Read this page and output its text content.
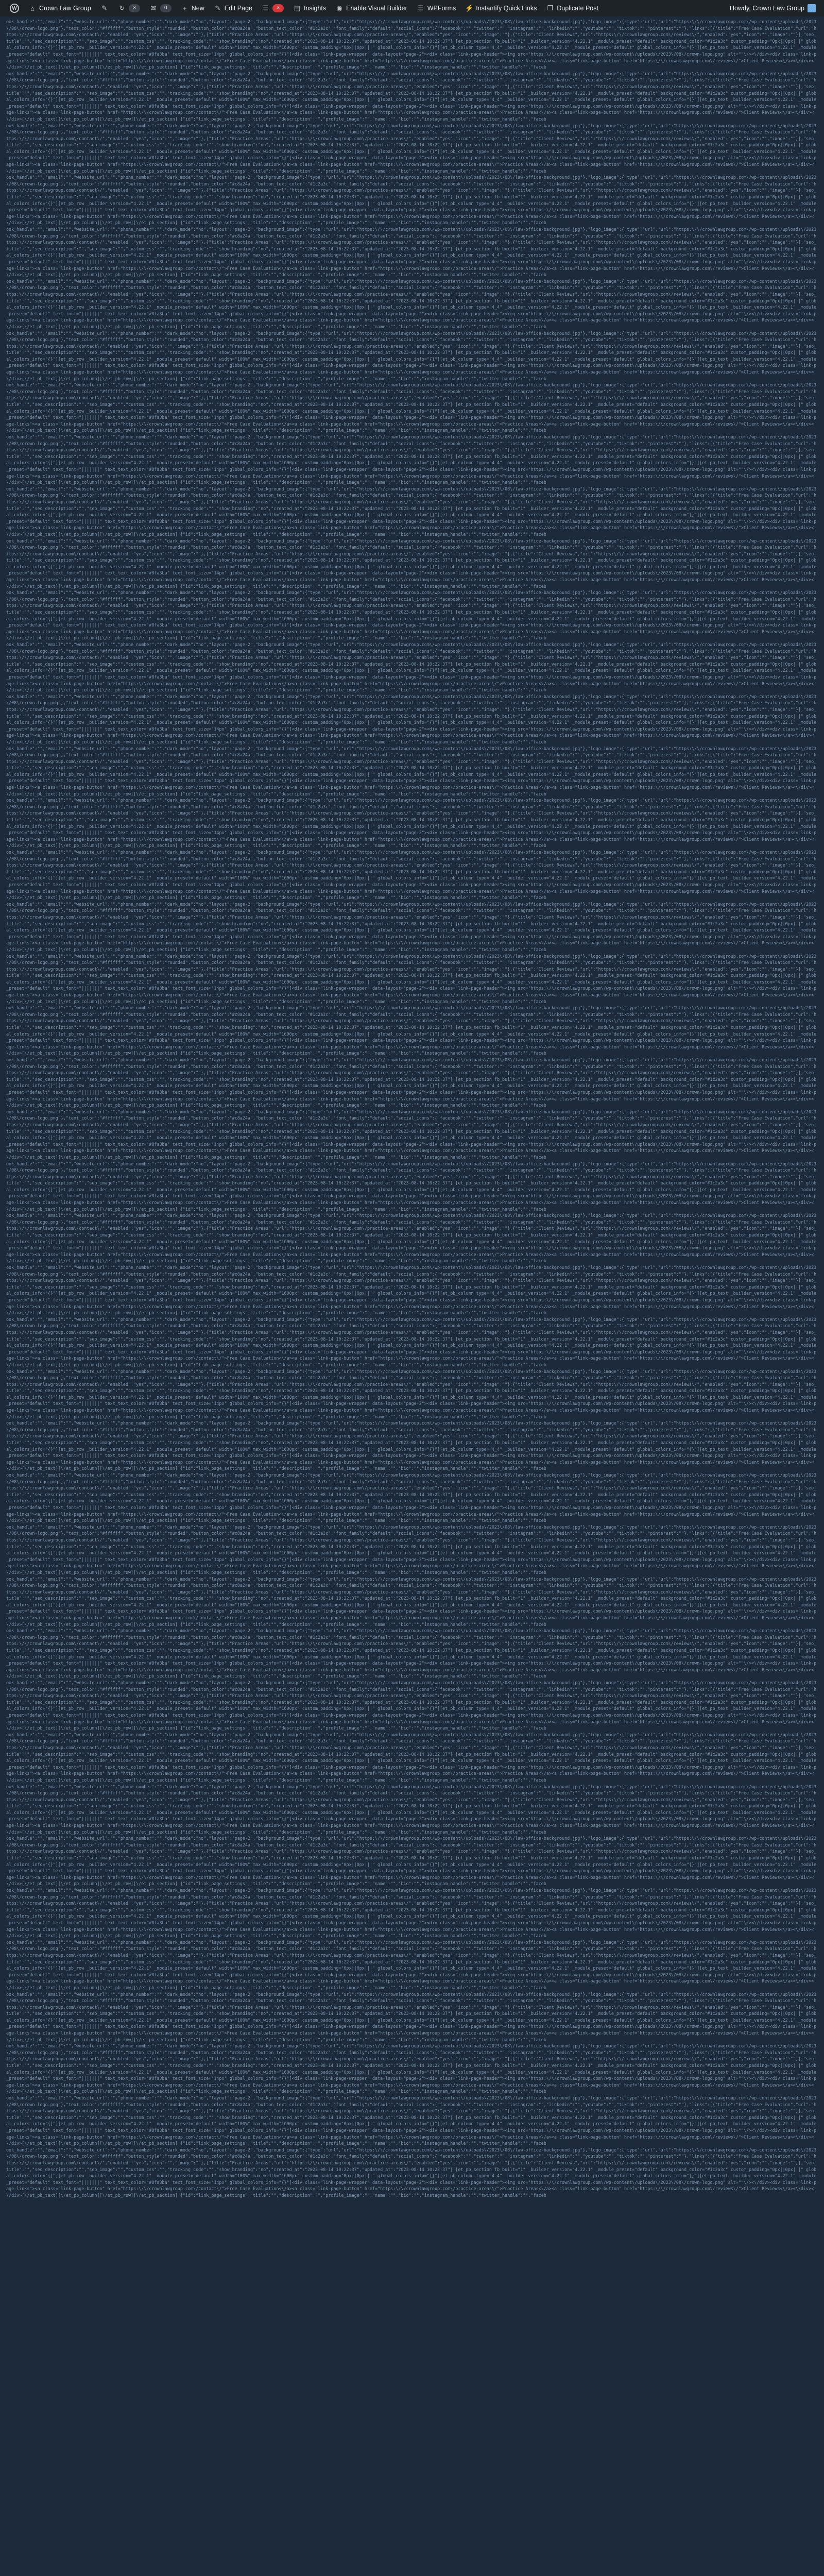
W	⌂ Crown Law Group ✎ ↻	3	✉	0	+ New ✎ Edit Page ☰	3	▤ Insights ◉ Enable Visual Builder ☰ WPForms ⚡ Instantify Quick Links ❐ Duplicate Post	Howdy, Crown Law Group
ook_handle":"","email":"","website_url":"","phone_number":"","dark_mode":"no","layout":"page-2","background_image":{"type":"url","url":"https:\/\/crownlawgroup.com\/wp-content\/uploads\/2023\/08\/law-office-background.jpg"},"logo_image":{"type":"url","url":"https:\/\/crownlawgroup.com\/wp-content\/uploads\/2023\/08\/crown-logo.png"},"text_color":"#ffffff","button_style":"rounded","button_color":"#c8a24a","button_text_color":"#1c2a3c","font_family":"default","social_icons":{"facebook":"","twitter":"","instagram":"","linkedin":"","youtube":"","tiktok":"","pinterest":""},"links":[{"title":"Free Case Evaluation","url":"https:\/\/crownlawgroup.com\/contact\/","enabled":"yes","icon":"","image":""},{"title":"Practice Areas","url":"https:\/\/crownlawgroup.com\/practice-areas\/","enabled":"yes","icon":"","image":""},{"title":"Client Reviews","url":"https:\/\/crownlawgroup.com\/reviews\/","enabled":"yes","icon":"","image":""}],"seo_title":"","seo_description":"","seo_image":"","custom_css":"","tracking_code":"","show_branding":"no","created_at":"2023-08-14 10:22:37","updated_at":"2023-08-14 10:22:37"} [et_pb_section fb_built="1" _builder_version="4.22.1" _module_preset="default" background_color="#1c2a3c" custom_padding="0px||0px|||" global_colors_info="{}"][et_pb_row _builder_version="4.22.1" _module_preset="default" width="100%" max_width="1600px" custom_padding="0px||0px|||" global_colors_info="{}"][et_pb_column type="4_4" _builder_version="4.22.1" _module_preset="default" global_colors_info="{}"][et_pb_text _builder_version="4.22.1" _module_preset="default" text_font="|||||||" text_text_color="#8fa3ba" text_font_size="14px" global_colors_info="{}"]<div class="link-page-wrapper" data-layout="page-2"><div class="link-page-header"><img src="https:\/\/crownlawgroup.com\/wp-content\/uploads\/2023\/08\/crown-logo.png" alt=""\/><\/div><div class="link-page-links"><a class="link-page-button" href="https:\/\/crownlawgroup.com\/contact\/">Free Case Evaluation<\/a><a class="link-page-button" href="https:\/\/crownlawgroup.com\/practice-areas\/">Practice Areas<\/a><a class="link-page-button" href="https:\/\/crownlawgroup.com\/reviews\/">Client Reviews<\/a><\/div><\/div>[\/et_pb_text][\/et_pb_column][\/et_pb_row][\/et_pb_section] {"id":"link_page_settings","title":"","description":"","profile_image":"","name":"","bio":"","instagram_handle":"","twitter_handle":"","faceb
ook_handle":"","email":"","website_url":"","phone_number":"","dark_mode":"no","layout":"page-2","background_image":{"type":"url","url":"https:\/\/crownlawgroup.com\/wp-content\/uploads\/2023\/08\/law-office-background.jpg"},"logo_image":{"type":"url","url":"https:\/\/crownlawgroup.com\/wp-content\/uploads\/2023\/08\/crown-logo.png"},"text_color":"#ffffff","button_style":"rounded","button_color":"#c8a24a","button_text_color":"#1c2a3c","font_family":"default","social_icons":{"facebook":"","twitter":"","instagram":"","linkedin":"","youtube":"","tiktok":"","pinterest":""},"links":[{"title":"Free Case Evaluation","url":"https:\/\/crownlawgroup.com\/contact\/","enabled":"yes","icon":"","image":""},{"title":"Practice Areas","url":"https:\/\/crownlawgroup.com\/practice-areas\/","enabled":"yes","icon":"","image":""},{"title":"Client Reviews","url":"https:\/\/crownlawgroup.com\/reviews\/","enabled":"yes","icon":"","image":""}],"seo_title":"","seo_description":"","seo_image":"","custom_css":"","tracking_code":"","show_branding":"no","created_at":"2023-08-14 10:22:37","updated_at":"2023-08-14 10:22:37"} [et_pb_section fb_built="1" _builder_version="4.22.1" _module_preset="default" background_color="#1c2a3c" custom_padding="0px||0px|||" global_colors_info="{}"][et_pb_row _builder_version="4.22.1" _module_preset="default" width="100%" max_width="1600px" custom_padding="0px||0px|||" global_colors_info="{}"][et_pb_column type="4_4" _builder_version="4.22.1" _module_preset="default" global_colors_info="{}"][et_pb_text _builder_version="4.22.1" _module_preset="default" text_font="|||||||" text_text_color="#8fa3ba" text_font_size="14px" global_colors_info="{}"]<div class="link-page-wrapper" data-layout="page-2"><div class="link-page-header"><img src="https:\/\/crownlawgroup.com\/wp-content\/uploads\/2023\/08\/crown-logo.png" alt=""\/><\/div><div class="link-page-links"><a class="link-page-button" href="https:\/\/crownlawgroup.com\/contact\/">Free Case Evaluation<\/a><a class="link-page-button" href="https:\/\/crownlawgroup.com\/practice-areas\/">Practice Areas<\/a><a class="link-page-button" href="https:\/\/crownlawgroup.com\/reviews\/">Client Reviews<\/a><\/div><\/div>[\/et_pb_text][\/et_pb_column][\/et_pb_row][\/et_pb_section] {"id":"link_page_settings","title":"","description":"","profile_image":"","name":"","bio":"","instagram_handle":"","twitter_handle":"","faceb
ook_handle":"","email":"","website_url":"","phone_number":"","dark_mode":"no","layout":"page-2","background_image":{"type":"url","url":"https:\/\/crownlawgroup.com\/wp-content\/uploads\/2023\/08\/law-office-background.jpg"},"logo_image":{"type":"url","url":"https:\/\/crownlawgroup.com\/wp-content\/uploads\/2023\/08\/crown-logo.png"},"text_color":"#ffffff","button_style":"rounded","button_color":"#c8a24a","button_text_color":"#1c2a3c","font_family":"default","social_icons":{"facebook":"","twitter":"","instagram":"","linkedin":"","youtube":"","tiktok":"","pinterest":""},"links":[{"title":"Free Case Evaluation","url":"https:\/\/crownlawgroup.com\/contact\/","enabled":"yes","icon":"","image":""},{"title":"Practice Areas","url":"https:\/\/crownlawgroup.com\/practice-areas\/","enabled":"yes","icon":"","image":""},{"title":"Client Reviews","url":"https:\/\/crownlawgroup.com\/reviews\/","enabled":"yes","icon":"","image":""}],"seo_title":"","seo_description":"","seo_image":"","custom_css":"","tracking_code":"","show_branding":"no","created_at":"2023-08-14 10:22:37","updated_at":"2023-08-14 10:22:37"} [et_pb_section fb_built="1" _builder_version="4.22.1" _module_preset="default" background_color="#1c2a3c" custom_padding="0px||0px|||" global_colors_info="{}"][et_pb_row _builder_version="4.22.1" _module_preset="default" width="100%" max_width="1600px" custom_padding="0px||0px|||" global_colors_info="{}"][et_pb_column type="4_4" _builder_version="4.22.1" _module_preset="default" global_colors_info="{}"][et_pb_text _builder_version="4.22.1" _module_preset="default" text_font="|||||||" text_text_color="#8fa3ba" text_font_size="14px" global_colors_info="{}"]<div class="link-page-wrapper" data-layout="page-2"><div class="link-page-header"><img src="https:\/\/crownlawgroup.com\/wp-content\/uploads\/2023\/08\/crown-logo.png" alt=""\/><\/div><div class="link-page-links"><a class="link-page-button" href="https:\/\/crownlawgroup.com\/contact\/">Free Case Evaluation<\/a><a class="link-page-button" href="https:\/\/crownlawgroup.com\/practice-areas\/">Practice Areas<\/a><a class="link-page-button" href="https:\/\/crownlawgroup.com\/reviews\/">Client Reviews<\/a><\/div><\/div>[\/et_pb_text][\/et_pb_column][\/et_pb_row][\/et_pb_section] {"id":"link_page_settings","title":"","description":"","profile_image":"","name":"","bio":"","instagram_handle":"","twitter_handle":"","faceb
ook_handle":"","email":"","website_url":"","phone_number":"","dark_mode":"no","layout":"page-2","background_image":{"type":"url","url":"https:\/\/crownlawgroup.com\/wp-content\/uploads\/2023\/08\/law-office-background.jpg"},"logo_image":{"type":"url","url":"https:\/\/crownlawgroup.com\/wp-content\/uploads\/2023\/08\/crown-logo.png"},"text_color":"#ffffff","button_style":"rounded","button_color":"#c8a24a","button_text_color":"#1c2a3c","font_family":"default","social_icons":{"facebook":"","twitter":"","instagram":"","linkedin":"","youtube":"","tiktok":"","pinterest":""},"links":[{"title":"Free Case Evaluation","url":"https:\/\/crownlawgroup.com\/contact\/","enabled":"yes","icon":"","image":""},{"title":"Practice Areas","url":"https:\/\/crownlawgroup.com\/practice-areas\/","enabled":"yes","icon":"","image":""},{"title":"Client Reviews","url":"https:\/\/crownlawgroup.com\/reviews\/","enabled":"yes","icon":"","image":""}],"seo_title":"","seo_description":"","seo_image":"","custom_css":"","tracking_code":"","show_branding":"no","created_at":"2023-08-14 10:22:37","updated_at":"2023-08-14 10:22:37"} [et_pb_section fb_built="1" _builder_version="4.22.1" _module_preset="default" background_color="#1c2a3c" custom_padding="0px||0px|||" global_colors_info="{}"][et_pb_row _builder_version="4.22.1" _module_preset="default" width="100%" max_width="1600px" custom_padding="0px||0px|||" global_colors_info="{}"][et_pb_column type="4_4" _builder_version="4.22.1" _module_preset="default" global_colors_info="{}"][et_pb_text _builder_version="4.22.1" _module_preset="default" text_font="|||||||" text_text_color="#8fa3ba" text_font_size="14px" global_colors_info="{}"]<div class="link-page-wrapper" data-layout="page-2"><div class="link-page-header"><img src="https:\/\/crownlawgroup.com\/wp-content\/uploads\/2023\/08\/crown-logo.png" alt=""\/><\/div><div class="link-page-links"><a class="link-page-button" href="https:\/\/crownlawgroup.com\/contact\/">Free Case Evaluation<\/a><a class="link-page-button" href="https:\/\/crownlawgroup.com\/practice-areas\/">Practice Areas<\/a><a class="link-page-button" href="https:\/\/crownlawgroup.com\/reviews\/">Client Reviews<\/a><\/div><\/div>[\/et_pb_text][\/et_pb_column][\/et_pb_row][\/et_pb_section] {"id":"link_page_settings","title":"","description":"","profile_image":"","name":"","bio":"","instagram_handle":"","twitter_handle":"","faceb
ook_handle":"","email":"","website_url":"","phone_number":"","dark_mode":"no","layout":"page-2","background_image":{"type":"url","url":"https:\/\/crownlawgroup.com\/wp-content\/uploads\/2023\/08\/law-office-background.jpg"},"logo_image":{"type":"url","url":"https:\/\/crownlawgroup.com\/wp-content\/uploads\/2023\/08\/crown-logo.png"},"text_color":"#ffffff","button_style":"rounded","button_color":"#c8a24a","button_text_color":"#1c2a3c","font_family":"default","social_icons":{"facebook":"","twitter":"","instagram":"","linkedin":"","youtube":"","tiktok":"","pinterest":""},"links":[{"title":"Free Case Evaluation","url":"https:\/\/crownlawgroup.com\/contact\/","enabled":"yes","icon":"","image":""},{"title":"Practice Areas","url":"https:\/\/crownlawgroup.com\/practice-areas\/","enabled":"yes","icon":"","image":""},{"title":"Client Reviews","url":"https:\/\/crownlawgroup.com\/reviews\/","enabled":"yes","icon":"","image":""}],"seo_title":"","seo_description":"","seo_image":"","custom_css":"","tracking_code":"","show_branding":"no","created_at":"2023-08-14 10:22:37","updated_at":"2023-08-14 10:22:37"} [et_pb_section fb_built="1" _builder_version="4.22.1" _module_preset="default" background_color="#1c2a3c" custom_padding="0px||0px|||" global_colors_info="{}"][et_pb_row _builder_version="4.22.1" _module_preset="default" width="100%" max_width="1600px" custom_padding="0px||0px|||" global_colors_info="{}"][et_pb_column type="4_4" _builder_version="4.22.1" _module_preset="default" global_colors_info="{}"][et_pb_text _builder_version="4.22.1" _module_preset="default" text_font="|||||||" text_text_color="#8fa3ba" text_font_size="14px" global_colors_info="{}"]<div class="link-page-wrapper" data-layout="page-2"><div class="link-page-header"><img src="https:\/\/crownlawgroup.com\/wp-content\/uploads\/2023\/08\/crown-logo.png" alt=""\/><\/div><div class="link-page-links"><a class="link-page-button" href="https:\/\/crownlawgroup.com\/contact\/">Free Case Evaluation<\/a><a class="link-page-button" href="https:\/\/crownlawgroup.com\/practice-areas\/">Practice Areas<\/a><a class="link-page-button" href="https:\/\/crownlawgroup.com\/reviews\/">Client Reviews<\/a><\/div><\/div>[\/et_pb_text][\/et_pb_column][\/et_pb_row][\/et_pb_section] {"id":"link_page_settings","title":"","description":"","profile_image":"","name":"","bio":"","instagram_handle":"","twitter_handle":"","faceb
ook_handle":"","email":"","website_url":"","phone_number":"","dark_mode":"no","layout":"page-2","background_image":{"type":"url","url":"https:\/\/crownlawgroup.com\/wp-content\/uploads\/2023\/08\/law-office-background.jpg"},"logo_image":{"type":"url","url":"https:\/\/crownlawgroup.com\/wp-content\/uploads\/2023\/08\/crown-logo.png"},"text_color":"#ffffff","button_style":"rounded","button_color":"#c8a24a","button_text_color":"#1c2a3c","font_family":"default","social_icons":{"facebook":"","twitter":"","instagram":"","linkedin":"","youtube":"","tiktok":"","pinterest":""},"links":[{"title":"Free Case Evaluation","url":"https:\/\/crownlawgroup.com\/contact\/","enabled":"yes","icon":"","image":""},{"title":"Practice Areas","url":"https:\/\/crownlawgroup.com\/practice-areas\/","enabled":"yes","icon":"","image":""},{"title":"Client Reviews","url":"https:\/\/crownlawgroup.com\/reviews\/","enabled":"yes","icon":"","image":""}],"seo_title":"","seo_description":"","seo_image":"","custom_css":"","tracking_code":"","show_branding":"no","created_at":"2023-08-14 10:22:37","updated_at":"2023-08-14 10:22:37"} [et_pb_section fb_built="1" _builder_version="4.22.1" _module_preset="default" background_color="#1c2a3c" custom_padding="0px||0px|||" global_colors_info="{}"][et_pb_row _builder_version="4.22.1" _module_preset="default" width="100%" max_width="1600px" custom_padding="0px||0px|||" global_colors_info="{}"][et_pb_column type="4_4" _builder_version="4.22.1" _module_preset="default" global_colors_info="{}"][et_pb_text _builder_version="4.22.1" _module_preset="default" text_font="|||||||" text_text_color="#8fa3ba" text_font_size="14px" global_colors_info="{}"]<div class="link-page-wrapper" data-layout="page-2"><div class="link-page-header"><img src="https:\/\/crownlawgroup.com\/wp-content\/uploads\/2023\/08\/crown-logo.png" alt=""\/><\/div><div class="link-page-links"><a class="link-page-button" href="https:\/\/crownlawgroup.com\/contact\/">Free Case Evaluation<\/a><a class="link-page-button" href="https:\/\/crownlawgroup.com\/practice-areas\/">Practice Areas<\/a><a class="link-page-button" href="https:\/\/crownlawgroup.com\/reviews\/">Client Reviews<\/a><\/div><\/div>[\/et_pb_text][\/et_pb_column][\/et_pb_row][\/et_pb_section] {"id":"link_page_settings","title":"","description":"","profile_image":"","name":"","bio":"","instagram_handle":"","twitter_handle":"","faceb
ook_handle":"","email":"","website_url":"","phone_number":"","dark_mode":"no","layout":"page-2","background_image":{"type":"url","url":"https:\/\/crownlawgroup.com\/wp-content\/uploads\/2023\/08\/law-office-background.jpg"},"logo_image":{"type":"url","url":"https:\/\/crownlawgroup.com\/wp-content\/uploads\/2023\/08\/crown-logo.png"},"text_color":"#ffffff","button_style":"rounded","button_color":"#c8a24a","button_text_color":"#1c2a3c","font_family":"default","social_icons":{"facebook":"","twitter":"","instagram":"","linkedin":"","youtube":"","tiktok":"","pinterest":""},"links":[{"title":"Free Case Evaluation","url":"https:\/\/crownlawgroup.com\/contact\/","enabled":"yes","icon":"","image":""},{"title":"Practice Areas","url":"https:\/\/crownlawgroup.com\/practice-areas\/","enabled":"yes","icon":"","image":""},{"title":"Client Reviews","url":"https:\/\/crownlawgroup.com\/reviews\/","enabled":"yes","icon":"","image":""}],"seo_title":"","seo_description":"","seo_image":"","custom_css":"","tracking_code":"","show_branding":"no","created_at":"2023-08-14 10:22:37","updated_at":"2023-08-14 10:22:37"} [et_pb_section fb_built="1" _builder_version="4.22.1" _module_preset="default" background_color="#1c2a3c" custom_padding="0px||0px|||" global_colors_info="{}"][et_pb_row _builder_version="4.22.1" _module_preset="default" width="100%" max_width="1600px" custom_padding="0px||0px|||" global_colors_info="{}"][et_pb_column type="4_4" _builder_version="4.22.1" _module_preset="default" global_colors_info="{}"][et_pb_text _builder_version="4.22.1" _module_preset="default" text_font="|||||||" text_text_color="#8fa3ba" text_font_size="14px" global_colors_info="{}"]<div class="link-page-wrapper" data-layout="page-2"><div class="link-page-header"><img src="https:\/\/crownlawgroup.com\/wp-content\/uploads\/2023\/08\/crown-logo.png" alt=""\/><\/div><div class="link-page-links"><a class="link-page-button" href="https:\/\/crownlawgroup.com\/contact\/">Free Case Evaluation<\/a><a class="link-page-button" href="https:\/\/crownlawgroup.com\/practice-areas\/">Practice Areas<\/a><a class="link-page-button" href="https:\/\/crownlawgroup.com\/reviews\/">Client Reviews<\/a><\/div><\/div>[\/et_pb_text][\/et_pb_column][\/et_pb_row][\/et_pb_section] {"id":"link_page_settings","title":"","description":"","profile_image":"","name":"","bio":"","instagram_handle":"","twitter_handle":"","faceb
ook_handle":"","email":"","website_url":"","phone_number":"","dark_mode":"no","layout":"page-2","background_image":{"type":"url","url":"https:\/\/crownlawgroup.com\/wp-content\/uploads\/2023\/08\/law-office-background.jpg"},"logo_image":{"type":"url","url":"https:\/\/crownlawgroup.com\/wp-content\/uploads\/2023\/08\/crown-logo.png"},"text_color":"#ffffff","button_style":"rounded","button_color":"#c8a24a","button_text_color":"#1c2a3c","font_family":"default","social_icons":{"facebook":"","twitter":"","instagram":"","linkedin":"","youtube":"","tiktok":"","pinterest":""},"links":[{"title":"Free Case Evaluation","url":"https:\/\/crownlawgroup.com\/contact\/","enabled":"yes","icon":"","image":""},{"title":"Practice Areas","url":"https:\/\/crownlawgroup.com\/practice-areas\/","enabled":"yes","icon":"","image":""},{"title":"Client Reviews","url":"https:\/\/crownlawgroup.com\/reviews\/","enabled":"yes","icon":"","image":""}],"seo_title":"","seo_description":"","seo_image":"","custom_css":"","tracking_code":"","show_branding":"no","created_at":"2023-08-14 10:22:37","updated_at":"2023-08-14 10:22:37"} [et_pb_section fb_built="1" _builder_version="4.22.1" _module_preset="default" background_color="#1c2a3c" custom_padding="0px||0px|||" global_colors_info="{}"][et_pb_row _builder_version="4.22.1" _module_preset="default" width="100%" max_width="1600px" custom_padding="0px||0px|||" global_colors_info="{}"][et_pb_column type="4_4" _builder_version="4.22.1" _module_preset="default" global_colors_info="{}"][et_pb_text _builder_version="4.22.1" _module_preset="default" text_font="|||||||" text_text_color="#8fa3ba" text_font_size="14px" global_colors_info="{}"]<div class="link-page-wrapper" data-layout="page-2"><div class="link-page-header"><img src="https:\/\/crownlawgroup.com\/wp-content\/uploads\/2023\/08\/crown-logo.png" alt=""\/><\/div><div class="link-page-links"><a class="link-page-button" href="https:\/\/crownlawgroup.com\/contact\/">Free Case Evaluation<\/a><a class="link-page-button" href="https:\/\/crownlawgroup.com\/practice-areas\/">Practice Areas<\/a><a class="link-page-button" href="https:\/\/crownlawgroup.com\/reviews\/">Client Reviews<\/a><\/div><\/div>[\/et_pb_text][\/et_pb_column][\/et_pb_row][\/et_pb_section] {"id":"link_page_settings","title":"","description":"","profile_image":"","name":"","bio":"","instagram_handle":"","twitter_handle":"","faceb
ook_handle":"","email":"","website_url":"","phone_number":"","dark_mode":"no","layout":"page-2","background_image":{"type":"url","url":"https:\/\/crownlawgroup.com\/wp-content\/uploads\/2023\/08\/law-office-background.jpg"},"logo_image":{"type":"url","url":"https:\/\/crownlawgroup.com\/wp-content\/uploads\/2023\/08\/crown-logo.png"},"text_color":"#ffffff","button_style":"rounded","button_color":"#c8a24a","button_text_color":"#1c2a3c","font_family":"default","social_icons":{"facebook":"","twitter":"","instagram":"","linkedin":"","youtube":"","tiktok":"","pinterest":""},"links":[{"title":"Free Case Evaluation","url":"https:\/\/crownlawgroup.com\/contact\/","enabled":"yes","icon":"","image":""},{"title":"Practice Areas","url":"https:\/\/crownlawgroup.com\/practice-areas\/","enabled":"yes","icon":"","image":""},{"title":"Client Reviews","url":"https:\/\/crownlawgroup.com\/reviews\/","enabled":"yes","icon":"","image":""}],"seo_title":"","seo_description":"","seo_image":"","custom_css":"","tracking_code":"","show_branding":"no","created_at":"2023-08-14 10:22:37","updated_at":"2023-08-14 10:22:37"} [et_pb_section fb_built="1" _builder_version="4.22.1" _module_preset="default" background_color="#1c2a3c" custom_padding="0px||0px|||" global_colors_info="{}"][et_pb_row _builder_version="4.22.1" _module_preset="default" width="100%" max_width="1600px" custom_padding="0px||0px|||" global_colors_info="{}"][et_pb_column type="4_4" _builder_version="4.22.1" _module_preset="default" global_colors_info="{}"][et_pb_text _builder_version="4.22.1" _module_preset="default" text_font="|||||||" text_text_color="#8fa3ba" text_font_size="14px" global_colors_info="{}"]<div class="link-page-wrapper" data-layout="page-2"><div class="link-page-header"><img src="https:\/\/crownlawgroup.com\/wp-content\/uploads\/2023\/08\/crown-logo.png" alt=""\/><\/div><div class="link-page-links"><a class="link-page-button" href="https:\/\/crownlawgroup.com\/contact\/">Free Case Evaluation<\/a><a class="link-page-button" href="https:\/\/crownlawgroup.com\/practice-areas\/">Practice Areas<\/a><a class="link-page-button" href="https:\/\/crownlawgroup.com\/reviews\/">Client Reviews<\/a><\/div><\/div>[\/et_pb_text][\/et_pb_column][\/et_pb_row][\/et_pb_section] {"id":"link_page_settings","title":"","description":"","profile_image":"","name":"","bio":"","instagram_handle":"","twitter_handle":"","faceb
ook_handle":"","email":"","website_url":"","phone_number":"","dark_mode":"no","layout":"page-2","background_image":{"type":"url","url":"https:\/\/crownlawgroup.com\/wp-content\/uploads\/2023\/08\/law-office-background.jpg"},"logo_image":{"type":"url","url":"https:\/\/crownlawgroup.com\/wp-content\/uploads\/2023\/08\/crown-logo.png"},"text_color":"#ffffff","button_style":"rounded","button_color":"#c8a24a","button_text_color":"#1c2a3c","font_family":"default","social_icons":{"facebook":"","twitter":"","instagram":"","linkedin":"","youtube":"","tiktok":"","pinterest":""},"links":[{"title":"Free Case Evaluation","url":"https:\/\/crownlawgroup.com\/contact\/","enabled":"yes","icon":"","image":""},{"title":"Practice Areas","url":"https:\/\/crownlawgroup.com\/practice-areas\/","enabled":"yes","icon":"","image":""},{"title":"Client Reviews","url":"https:\/\/crownlawgroup.com\/reviews\/","enabled":"yes","icon":"","image":""}],"seo_title":"","seo_description":"","seo_image":"","custom_css":"","tracking_code":"","show_branding":"no","created_at":"2023-08-14 10:22:37","updated_at":"2023-08-14 10:22:37"} [et_pb_section fb_built="1" _builder_version="4.22.1" _module_preset="default" background_color="#1c2a3c" custom_padding="0px||0px|||" global_colors_info="{}"][et_pb_row _builder_version="4.22.1" _module_preset="default" width="100%" max_width="1600px" custom_padding="0px||0px|||" global_colors_info="{}"][et_pb_column type="4_4" _builder_version="4.22.1" _module_preset="default" global_colors_info="{}"][et_pb_text _builder_version="4.22.1" _module_preset="default" text_font="|||||||" text_text_color="#8fa3ba" text_font_size="14px" global_colors_info="{}"]<div class="link-page-wrapper" data-layout="page-2"><div class="link-page-header"><img src="https:\/\/crownlawgroup.com\/wp-content\/uploads\/2023\/08\/crown-logo.png" alt=""\/><\/div><div class="link-page-links"><a class="link-page-button" href="https:\/\/crownlawgroup.com\/contact\/">Free Case Evaluation<\/a><a class="link-page-button" href="https:\/\/crownlawgroup.com\/practice-areas\/">Practice Areas<\/a><a class="link-page-button" href="https:\/\/crownlawgroup.com\/reviews\/">Client Reviews<\/a><\/div><\/div>[\/et_pb_text][\/et_pb_column][\/et_pb_row][\/et_pb_section] {"id":"link_page_settings","title":"","description":"","profile_image":"","name":"","bio":"","instagram_handle":"","twitter_handle":"","faceb
ook_handle":"","email":"","website_url":"","phone_number":"","dark_mode":"no","layout":"page-2","background_image":{"type":"url","url":"https:\/\/crownlawgroup.com\/wp-content\/uploads\/2023\/08\/law-office-background.jpg"},"logo_image":{"type":"url","url":"https:\/\/crownlawgroup.com\/wp-content\/uploads\/2023\/08\/crown-logo.png"},"text_color":"#ffffff","button_style":"rounded","button_color":"#c8a24a","button_text_color":"#1c2a3c","font_family":"default","social_icons":{"facebook":"","twitter":"","instagram":"","linkedin":"","youtube":"","tiktok":"","pinterest":""},"links":[{"title":"Free Case Evaluation","url":"https:\/\/crownlawgroup.com\/contact\/","enabled":"yes","icon":"","image":""},{"title":"Practice Areas","url":"https:\/\/crownlawgroup.com\/practice-areas\/","enabled":"yes","icon":"","image":""},{"title":"Client Reviews","url":"https:\/\/crownlawgroup.com\/reviews\/","enabled":"yes","icon":"","image":""}],"seo_title":"","seo_description":"","seo_image":"","custom_css":"","tracking_code":"","show_branding":"no","created_at":"2023-08-14 10:22:37","updated_at":"2023-08-14 10:22:37"} [et_pb_section fb_built="1" _builder_version="4.22.1" _module_preset="default" background_color="#1c2a3c" custom_padding="0px||0px|||" global_colors_info="{}"][et_pb_row _builder_version="4.22.1" _module_preset="default" width="100%" max_width="1600px" custom_padding="0px||0px|||" global_colors_info="{}"][et_pb_column type="4_4" _builder_version="4.22.1" _module_preset="default" global_colors_info="{}"][et_pb_text _builder_version="4.22.1" _module_preset="default" text_font="|||||||" text_text_color="#8fa3ba" text_font_size="14px" global_colors_info="{}"]<div class="link-page-wrapper" data-layout="page-2"><div class="link-page-header"><img src="https:\/\/crownlawgroup.com\/wp-content\/uploads\/2023\/08\/crown-logo.png" alt=""\/><\/div><div class="link-page-links"><a class="link-page-button" href="https:\/\/crownlawgroup.com\/contact\/">Free Case Evaluation<\/a><a class="link-page-button" href="https:\/\/crownlawgroup.com\/practice-areas\/">Practice Areas<\/a><a class="link-page-button" href="https:\/\/crownlawgroup.com\/reviews\/">Client Reviews<\/a><\/div><\/div>[\/et_pb_text][\/et_pb_column][\/et_pb_row][\/et_pb_section] {"id":"link_page_settings","title":"","description":"","profile_image":"","name":"","bio":"","instagram_handle":"","twitter_handle":"","faceb
ook_handle":"","email":"","website_url":"","phone_number":"","dark_mode":"no","layout":"page-2","background_image":{"type":"url","url":"https:\/\/crownlawgroup.com\/wp-content\/uploads\/2023\/08\/law-office-background.jpg"},"logo_image":{"type":"url","url":"https:\/\/crownlawgroup.com\/wp-content\/uploads\/2023\/08\/crown-logo.png"},"text_color":"#ffffff","button_style":"rounded","button_color":"#c8a24a","button_text_color":"#1c2a3c","font_family":"default","social_icons":{"facebook":"","twitter":"","instagram":"","linkedin":"","youtube":"","tiktok":"","pinterest":""},"links":[{"title":"Free Case Evaluation","url":"https:\/\/crownlawgroup.com\/contact\/","enabled":"yes","icon":"","image":""},{"title":"Practice Areas","url":"https:\/\/crownlawgroup.com\/practice-areas\/","enabled":"yes","icon":"","image":""},{"title":"Client Reviews","url":"https:\/\/crownlawgroup.com\/reviews\/","enabled":"yes","icon":"","image":""}],"seo_title":"","seo_description":"","seo_image":"","custom_css":"","tracking_code":"","show_branding":"no","created_at":"2023-08-14 10:22:37","updated_at":"2023-08-14 10:22:37"} [et_pb_section fb_built="1" _builder_version="4.22.1" _module_preset="default" background_color="#1c2a3c" custom_padding="0px||0px|||" global_colors_info="{}"][et_pb_row _builder_version="4.22.1" _module_preset="default" width="100%" max_width="1600px" custom_padding="0px||0px|||" global_colors_info="{}"][et_pb_column type="4_4" _builder_version="4.22.1" _module_preset="default" global_colors_info="{}"][et_pb_text _builder_version="4.22.1" _module_preset="default" text_font="|||||||" text_text_color="#8fa3ba" text_font_size="14px" global_colors_info="{}"]<div class="link-page-wrapper" data-layout="page-2"><div class="link-page-header"><img src="https:\/\/crownlawgroup.com\/wp-content\/uploads\/2023\/08\/crown-logo.png" alt=""\/><\/div><div class="link-page-links"><a class="link-page-button" href="https:\/\/crownlawgroup.com\/contact\/">Free Case Evaluation<\/a><a class="link-page-button" href="https:\/\/crownlawgroup.com\/practice-areas\/">Practice Areas<\/a><a class="link-page-button" href="https:\/\/crownlawgroup.com\/reviews\/">Client Reviews<\/a><\/div><\/div>[\/et_pb_text][\/et_pb_column][\/et_pb_row][\/et_pb_section] {"id":"link_page_settings","title":"","description":"","profile_image":"","name":"","bio":"","instagram_handle":"","twitter_handle":"","faceb
ook_handle":"","email":"","website_url":"","phone_number":"","dark_mode":"no","layout":"page-2","background_image":{"type":"url","url":"https:\/\/crownlawgroup.com\/wp-content\/uploads\/2023\/08\/law-office-background.jpg"},"logo_image":{"type":"url","url":"https:\/\/crownlawgroup.com\/wp-content\/uploads\/2023\/08\/crown-logo.png"},"text_color":"#ffffff","button_style":"rounded","button_color":"#c8a24a","button_text_color":"#1c2a3c","font_family":"default","social_icons":{"facebook":"","twitter":"","instagram":"","linkedin":"","youtube":"","tiktok":"","pinterest":""},"links":[{"title":"Free Case Evaluation","url":"https:\/\/crownlawgroup.com\/contact\/","enabled":"yes","icon":"","image":""},{"title":"Practice Areas","url":"https:\/\/crownlawgroup.com\/practice-areas\/","enabled":"yes","icon":"","image":""},{"title":"Client Reviews","url":"https:\/\/crownlawgroup.com\/reviews\/","enabled":"yes","icon":"","image":""}],"seo_title":"","seo_description":"","seo_image":"","custom_css":"","tracking_code":"","show_branding":"no","created_at":"2023-08-14 10:22:37","updated_at":"2023-08-14 10:22:37"} [et_pb_section fb_built="1" _builder_version="4.22.1" _module_preset="default" background_color="#1c2a3c" custom_padding="0px||0px|||" global_colors_info="{}"][et_pb_row _builder_version="4.22.1" _module_preset="default" width="100%" max_width="1600px" custom_padding="0px||0px|||" global_colors_info="{}"][et_pb_column type="4_4" _builder_version="4.22.1" _module_preset="default" global_colors_info="{}"][et_pb_text _builder_version="4.22.1" _module_preset="default" text_font="|||||||" text_text_color="#8fa3ba" text_font_size="14px" global_colors_info="{}"]<div class="link-page-wrapper" data-layout="page-2"><div class="link-page-header"><img src="https:\/\/crownlawgroup.com\/wp-content\/uploads\/2023\/08\/crown-logo.png" alt=""\/><\/div><div class="link-page-links"><a class="link-page-button" href="https:\/\/crownlawgroup.com\/contact\/">Free Case Evaluation<\/a><a class="link-page-button" href="https:\/\/crownlawgroup.com\/practice-areas\/">Practice Areas<\/a><a class="link-page-button" href="https:\/\/crownlawgroup.com\/reviews\/">Client Reviews<\/a><\/div><\/div>[\/et_pb_text][\/et_pb_column][\/et_pb_row][\/et_pb_section] {"id":"link_page_settings","title":"","description":"","profile_image":"","name":"","bio":"","instagram_handle":"","twitter_handle":"","faceb
ook_handle":"","email":"","website_url":"","phone_number":"","dark_mode":"no","layout":"page-2","background_image":{"type":"url","url":"https:\/\/crownlawgroup.com\/wp-content\/uploads\/2023\/08\/law-office-background.jpg"},"logo_image":{"type":"url","url":"https:\/\/crownlawgroup.com\/wp-content\/uploads\/2023\/08\/crown-logo.png"},"text_color":"#ffffff","button_style":"rounded","button_color":"#c8a24a","button_text_color":"#1c2a3c","font_family":"default","social_icons":{"facebook":"","twitter":"","instagram":"","linkedin":"","youtube":"","tiktok":"","pinterest":""},"links":[{"title":"Free Case Evaluation","url":"https:\/\/crownlawgroup.com\/contact\/","enabled":"yes","icon":"","image":""},{"title":"Practice Areas","url":"https:\/\/crownlawgroup.com\/practice-areas\/","enabled":"yes","icon":"","image":""},{"title":"Client Reviews","url":"https:\/\/crownlawgroup.com\/reviews\/","enabled":"yes","icon":"","image":""}],"seo_title":"","seo_description":"","seo_image":"","custom_css":"","tracking_code":"","show_branding":"no","created_at":"2023-08-14 10:22:37","updated_at":"2023-08-14 10:22:37"} [et_pb_section fb_built="1" _builder_version="4.22.1" _module_preset="default" background_color="#1c2a3c" custom_padding="0px||0px|||" global_colors_info="{}"][et_pb_row _builder_version="4.22.1" _module_preset="default" width="100%" max_width="1600px" custom_padding="0px||0px|||" global_colors_info="{}"][et_pb_column type="4_4" _builder_version="4.22.1" _module_preset="default" global_colors_info="{}"][et_pb_text _builder_version="4.22.1" _module_preset="default" text_font="|||||||" text_text_color="#8fa3ba" text_font_size="14px" global_colors_info="{}"]<div class="link-page-wrapper" data-layout="page-2"><div class="link-page-header"><img src="https:\/\/crownlawgroup.com\/wp-content\/uploads\/2023\/08\/crown-logo.png" alt=""\/><\/div><div class="link-page-links"><a class="link-page-button" href="https:\/\/crownlawgroup.com\/contact\/">Free Case Evaluation<\/a><a class="link-page-button" href="https:\/\/crownlawgroup.com\/practice-areas\/">Practice Areas<\/a><a class="link-page-button" href="https:\/\/crownlawgroup.com\/reviews\/">Client Reviews<\/a><\/div><\/div>[\/et_pb_text][\/et_pb_column][\/et_pb_row][\/et_pb_section] {"id":"link_page_settings","title":"","description":"","profile_image":"","name":"","bio":"","instagram_handle":"","twitter_handle":"","faceb
ook_handle":"","email":"","website_url":"","phone_number":"","dark_mode":"no","layout":"page-2","background_image":{"type":"url","url":"https:\/\/crownlawgroup.com\/wp-content\/uploads\/2023\/08\/law-office-background.jpg"},"logo_image":{"type":"url","url":"https:\/\/crownlawgroup.com\/wp-content\/uploads\/2023\/08\/crown-logo.png"},"text_color":"#ffffff","button_style":"rounded","button_color":"#c8a24a","button_text_color":"#1c2a3c","font_family":"default","social_icons":{"facebook":"","twitter":"","instagram":"","linkedin":"","youtube":"","tiktok":"","pinterest":""},"links":[{"title":"Free Case Evaluation","url":"https:\/\/crownlawgroup.com\/contact\/","enabled":"yes","icon":"","image":""},{"title":"Practice Areas","url":"https:\/\/crownlawgroup.com\/practice-areas\/","enabled":"yes","icon":"","image":""},{"title":"Client Reviews","url":"https:\/\/crownlawgroup.com\/reviews\/","enabled":"yes","icon":"","image":""}],"seo_title":"","seo_description":"","seo_image":"","custom_css":"","tracking_code":"","show_branding":"no","created_at":"2023-08-14 10:22:37","updated_at":"2023-08-14 10:22:37"} [et_pb_section fb_built="1" _builder_version="4.22.1" _module_preset="default" background_color="#1c2a3c" custom_padding="0px||0px|||" global_colors_info="{}"][et_pb_row _builder_version="4.22.1" _module_preset="default" width="100%" max_width="1600px" custom_padding="0px||0px|||" global_colors_info="{}"][et_pb_column type="4_4" _builder_version="4.22.1" _module_preset="default" global_colors_info="{}"][et_pb_text _builder_version="4.22.1" _module_preset="default" text_font="|||||||" text_text_color="#8fa3ba" text_font_size="14px" global_colors_info="{}"]<div class="link-page-wrapper" data-layout="page-2"><div class="link-page-header"><img src="https:\/\/crownlawgroup.com\/wp-content\/uploads\/2023\/08\/crown-logo.png" alt=""\/><\/div><div class="link-page-links"><a class="link-page-button" href="https:\/\/crownlawgroup.com\/contact\/">Free Case Evaluation<\/a><a class="link-page-button" href="https:\/\/crownlawgroup.com\/practice-areas\/">Practice Areas<\/a><a class="link-page-button" href="https:\/\/crownlawgroup.com\/reviews\/">Client Reviews<\/a><\/div><\/div>[\/et_pb_text][\/et_pb_column][\/et_pb_row][\/et_pb_section] {"id":"link_page_settings","title":"","description":"","profile_image":"","name":"","bio":"","instagram_handle":"","twitter_handle":"","faceb
ook_handle":"","email":"","website_url":"","phone_number":"","dark_mode":"no","layout":"page-2","background_image":{"type":"url","url":"https:\/\/crownlawgroup.com\/wp-content\/uploads\/2023\/08\/law-office-background.jpg"},"logo_image":{"type":"url","url":"https:\/\/crownlawgroup.com\/wp-content\/uploads\/2023\/08\/crown-logo.png"},"text_color":"#ffffff","button_style":"rounded","button_color":"#c8a24a","button_text_color":"#1c2a3c","font_family":"default","social_icons":{"facebook":"","twitter":"","instagram":"","linkedin":"","youtube":"","tiktok":"","pinterest":""},"links":[{"title":"Free Case Evaluation","url":"https:\/\/crownlawgroup.com\/contact\/","enabled":"yes","icon":"","image":""},{"title":"Practice Areas","url":"https:\/\/crownlawgroup.com\/practice-areas\/","enabled":"yes","icon":"","image":""},{"title":"Client Reviews","url":"https:\/\/crownlawgroup.com\/reviews\/","enabled":"yes","icon":"","image":""}],"seo_title":"","seo_description":"","seo_image":"","custom_css":"","tracking_code":"","show_branding":"no","created_at":"2023-08-14 10:22:37","updated_at":"2023-08-14 10:22:37"} [et_pb_section fb_built="1" _builder_version="4.22.1" _module_preset="default" background_color="#1c2a3c" custom_padding="0px||0px|||" global_colors_info="{}"][et_pb_row _builder_version="4.22.1" _module_preset="default" width="100%" max_width="1600px" custom_padding="0px||0px|||" global_colors_info="{}"][et_pb_column type="4_4" _builder_version="4.22.1" _module_preset="default" global_colors_info="{}"][et_pb_text _builder_version="4.22.1" _module_preset="default" text_font="|||||||" text_text_color="#8fa3ba" text_font_size="14px" global_colors_info="{}"]<div class="link-page-wrapper" data-layout="page-2"><div class="link-page-header"><img src="https:\/\/crownlawgroup.com\/wp-content\/uploads\/2023\/08\/crown-logo.png" alt=""\/><\/div><div class="link-page-links"><a class="link-page-button" href="https:\/\/crownlawgroup.com\/contact\/">Free Case Evaluation<\/a><a class="link-page-button" href="https:\/\/crownlawgroup.com\/practice-areas\/">Practice Areas<\/a><a class="link-page-button" href="https:\/\/crownlawgroup.com\/reviews\/">Client Reviews<\/a><\/div><\/div>[\/et_pb_text][\/et_pb_column][\/et_pb_row][\/et_pb_section] {"id":"link_page_settings","title":"","description":"","profile_image":"","name":"","bio":"","instagram_handle":"","twitter_handle":"","faceb
ook_handle":"","email":"","website_url":"","phone_number":"","dark_mode":"no","layout":"page-2","background_image":{"type":"url","url":"https:\/\/crownlawgroup.com\/wp-content\/uploads\/2023\/08\/law-office-background.jpg"},"logo_image":{"type":"url","url":"https:\/\/crownlawgroup.com\/wp-content\/uploads\/2023\/08\/crown-logo.png"},"text_color":"#ffffff","button_style":"rounded","button_color":"#c8a24a","button_text_color":"#1c2a3c","font_family":"default","social_icons":{"facebook":"","twitter":"","instagram":"","linkedin":"","youtube":"","tiktok":"","pinterest":""},"links":[{"title":"Free Case Evaluation","url":"https:\/\/crownlawgroup.com\/contact\/","enabled":"yes","icon":"","image":""},{"title":"Practice Areas","url":"https:\/\/crownlawgroup.com\/practice-areas\/","enabled":"yes","icon":"","image":""},{"title":"Client Reviews","url":"https:\/\/crownlawgroup.com\/reviews\/","enabled":"yes","icon":"","image":""}],"seo_title":"","seo_description":"","seo_image":"","custom_css":"","tracking_code":"","show_branding":"no","created_at":"2023-08-14 10:22:37","updated_at":"2023-08-14 10:22:37"} [et_pb_section fb_built="1" _builder_version="4.22.1" _module_preset="default" background_color="#1c2a3c" custom_padding="0px||0px|||" global_colors_info="{}"][et_pb_row _builder_version="4.22.1" _module_preset="default" width="100%" max_width="1600px" custom_padding="0px||0px|||" global_colors_info="{}"][et_pb_column type="4_4" _builder_version="4.22.1" _module_preset="default" global_colors_info="{}"][et_pb_text _builder_version="4.22.1" _module_preset="default" text_font="|||||||" text_text_color="#8fa3ba" text_font_size="14px" global_colors_info="{}"]<div class="link-page-wrapper" data-layout="page-2"><div class="link-page-header"><img src="https:\/\/crownlawgroup.com\/wp-content\/uploads\/2023\/08\/crown-logo.png" alt=""\/><\/div><div class="link-page-links"><a class="link-page-button" href="https:\/\/crownlawgroup.com\/contact\/">Free Case Evaluation<\/a><a class="link-page-button" href="https:\/\/crownlawgroup.com\/practice-areas\/">Practice Areas<\/a><a class="link-page-button" href="https:\/\/crownlawgroup.com\/reviews\/">Client Reviews<\/a><\/div><\/div>[\/et_pb_text][\/et_pb_column][\/et_pb_row][\/et_pb_section] {"id":"link_page_settings","title":"","description":"","profile_image":"","name":"","bio":"","instagram_handle":"","twitter_handle":"","faceb
ook_handle":"","email":"","website_url":"","phone_number":"","dark_mode":"no","layout":"page-2","background_image":{"type":"url","url":"https:\/\/crownlawgroup.com\/wp-content\/uploads\/2023\/08\/law-office-background.jpg"},"logo_image":{"type":"url","url":"https:\/\/crownlawgroup.com\/wp-content\/uploads\/2023\/08\/crown-logo.png"},"text_color":"#ffffff","button_style":"rounded","button_color":"#c8a24a","button_text_color":"#1c2a3c","font_family":"default","social_icons":{"facebook":"","twitter":"","instagram":"","linkedin":"","youtube":"","tiktok":"","pinterest":""},"links":[{"title":"Free Case Evaluation","url":"https:\/\/crownlawgroup.com\/contact\/","enabled":"yes","icon":"","image":""},{"title":"Practice Areas","url":"https:\/\/crownlawgroup.com\/practice-areas\/","enabled":"yes","icon":"","image":""},{"title":"Client Reviews","url":"https:\/\/crownlawgroup.com\/reviews\/","enabled":"yes","icon":"","image":""}],"seo_title":"","seo_description":"","seo_image":"","custom_css":"","tracking_code":"","show_branding":"no","created_at":"2023-08-14 10:22:37","updated_at":"2023-08-14 10:22:37"} [et_pb_section fb_built="1" _builder_version="4.22.1" _module_preset="default" background_color="#1c2a3c" custom_padding="0px||0px|||" global_colors_info="{}"][et_pb_row _builder_version="4.22.1" _module_preset="default" width="100%" max_width="1600px" custom_padding="0px||0px|||" global_colors_info="{}"][et_pb_column type="4_4" _builder_version="4.22.1" _module_preset="default" global_colors_info="{}"][et_pb_text _builder_version="4.22.1" _module_preset="default" text_font="|||||||" text_text_color="#8fa3ba" text_font_size="14px" global_colors_info="{}"]<div class="link-page-wrapper" data-layout="page-2"><div class="link-page-header"><img src="https:\/\/crownlawgroup.com\/wp-content\/uploads\/2023\/08\/crown-logo.png" alt=""\/><\/div><div class="link-page-links"><a class="link-page-button" href="https:\/\/crownlawgroup.com\/contact\/">Free Case Evaluation<\/a><a class="link-page-button" href="https:\/\/crownlawgroup.com\/practice-areas\/">Practice Areas<\/a><a class="link-page-button" href="https:\/\/crownlawgroup.com\/reviews\/">Client Reviews<\/a><\/div><\/div>[\/et_pb_text][\/et_pb_column][\/et_pb_row][\/et_pb_section] {"id":"link_page_settings","title":"","description":"","profile_image":"","name":"","bio":"","instagram_handle":"","twitter_handle":"","faceb
ook_handle":"","email":"","website_url":"","phone_number":"","dark_mode":"no","layout":"page-2","background_image":{"type":"url","url":"https:\/\/crownlawgroup.com\/wp-content\/uploads\/2023\/08\/law-office-background.jpg"},"logo_image":{"type":"url","url":"https:\/\/crownlawgroup.com\/wp-content\/uploads\/2023\/08\/crown-logo.png"},"text_color":"#ffffff","button_style":"rounded","button_color":"#c8a24a","button_text_color":"#1c2a3c","font_family":"default","social_icons":{"facebook":"","twitter":"","instagram":"","linkedin":"","youtube":"","tiktok":"","pinterest":""},"links":[{"title":"Free Case Evaluation","url":"https:\/\/crownlawgroup.com\/contact\/","enabled":"yes","icon":"","image":""},{"title":"Practice Areas","url":"https:\/\/crownlawgroup.com\/practice-areas\/","enabled":"yes","icon":"","image":""},{"title":"Client Reviews","url":"https:\/\/crownlawgroup.com\/reviews\/","enabled":"yes","icon":"","image":""}],"seo_title":"","seo_description":"","seo_image":"","custom_css":"","tracking_code":"","show_branding":"no","created_at":"2023-08-14 10:22:37","updated_at":"2023-08-14 10:22:37"} [et_pb_section fb_built="1" _builder_version="4.22.1" _module_preset="default" background_color="#1c2a3c" custom_padding="0px||0px|||" global_colors_info="{}"][et_pb_row _builder_version="4.22.1" _module_preset="default" width="100%" max_width="1600px" custom_padding="0px||0px|||" global_colors_info="{}"][et_pb_column type="4_4" _builder_version="4.22.1" _module_preset="default" global_colors_info="{}"][et_pb_text _builder_version="4.22.1" _module_preset="default" text_font="|||||||" text_text_color="#8fa3ba" text_font_size="14px" global_colors_info="{}"]<div class="link-page-wrapper" data-layout="page-2"><div class="link-page-header"><img src="https:\/\/crownlawgroup.com\/wp-content\/uploads\/2023\/08\/crown-logo.png" alt=""\/><\/div><div class="link-page-links"><a class="link-page-button" href="https:\/\/crownlawgroup.com\/contact\/">Free Case Evaluation<\/a><a class="link-page-button" href="https:\/\/crownlawgroup.com\/practice-areas\/">Practice Areas<\/a><a class="link-page-button" href="https:\/\/crownlawgroup.com\/reviews\/">Client Reviews<\/a><\/div><\/div>[\/et_pb_text][\/et_pb_column][\/et_pb_row][\/et_pb_section] {"id":"link_page_settings","title":"","description":"","profile_image":"","name":"","bio":"","instagram_handle":"","twitter_handle":"","faceb
ook_handle":"","email":"","website_url":"","phone_number":"","dark_mode":"no","layout":"page-2","background_image":{"type":"url","url":"https:\/\/crownlawgroup.com\/wp-content\/uploads\/2023\/08\/law-office-background.jpg"},"logo_image":{"type":"url","url":"https:\/\/crownlawgroup.com\/wp-content\/uploads\/2023\/08\/crown-logo.png"},"text_color":"#ffffff","button_style":"rounded","button_color":"#c8a24a","button_text_color":"#1c2a3c","font_family":"default","social_icons":{"facebook":"","twitter":"","instagram":"","linkedin":"","youtube":"","tiktok":"","pinterest":""},"links":[{"title":"Free Case Evaluation","url":"https:\/\/crownlawgroup.com\/contact\/","enabled":"yes","icon":"","image":""},{"title":"Practice Areas","url":"https:\/\/crownlawgroup.com\/practice-areas\/","enabled":"yes","icon":"","image":""},{"title":"Client Reviews","url":"https:\/\/crownlawgroup.com\/reviews\/","enabled":"yes","icon":"","image":""}],"seo_title":"","seo_description":"","seo_image":"","custom_css":"","tracking_code":"","show_branding":"no","created_at":"2023-08-14 10:22:37","updated_at":"2023-08-14 10:22:37"} [et_pb_section fb_built="1" _builder_version="4.22.1" _module_preset="default" background_color="#1c2a3c" custom_padding="0px||0px|||" global_colors_info="{}"][et_pb_row _builder_version="4.22.1" _module_preset="default" width="100%" max_width="1600px" custom_padding="0px||0px|||" global_colors_info="{}"][et_pb_column type="4_4" _builder_version="4.22.1" _module_preset="default" global_colors_info="{}"][et_pb_text _builder_version="4.22.1" _module_preset="default" text_font="|||||||" text_text_color="#8fa3ba" text_font_size="14px" global_colors_info="{}"]<div class="link-page-wrapper" data-layout="page-2"><div class="link-page-header"><img src="https:\/\/crownlawgroup.com\/wp-content\/uploads\/2023\/08\/crown-logo.png" alt=""\/><\/div><div class="link-page-links"><a class="link-page-button" href="https:\/\/crownlawgroup.com\/contact\/">Free Case Evaluation<\/a><a class="link-page-button" href="https:\/\/crownlawgroup.com\/practice-areas\/">Practice Areas<\/a><a class="link-page-button" href="https:\/\/crownlawgroup.com\/reviews\/">Client Reviews<\/a><\/div><\/div>[\/et_pb_text][\/et_pb_column][\/et_pb_row][\/et_pb_section] {"id":"link_page_settings","title":"","description":"","profile_image":"","name":"","bio":"","instagram_handle":"","twitter_handle":"","faceb
ook_handle":"","email":"","website_url":"","phone_number":"","dark_mode":"no","layout":"page-2","background_image":{"type":"url","url":"https:\/\/crownlawgroup.com\/wp-content\/uploads\/2023\/08\/law-office-background.jpg"},"logo_image":{"type":"url","url":"https:\/\/crownlawgroup.com\/wp-content\/uploads\/2023\/08\/crown-logo.png"},"text_color":"#ffffff","button_style":"rounded","button_color":"#c8a24a","button_text_color":"#1c2a3c","font_family":"default","social_icons":{"facebook":"","twitter":"","instagram":"","linkedin":"","youtube":"","tiktok":"","pinterest":""},"links":[{"title":"Free Case Evaluation","url":"https:\/\/crownlawgroup.com\/contact\/","enabled":"yes","icon":"","image":""},{"title":"Practice Areas","url":"https:\/\/crownlawgroup.com\/practice-areas\/","enabled":"yes","icon":"","image":""},{"title":"Client Reviews","url":"https:\/\/crownlawgroup.com\/reviews\/","enabled":"yes","icon":"","image":""}],"seo_title":"","seo_description":"","seo_image":"","custom_css":"","tracking_code":"","show_branding":"no","created_at":"2023-08-14 10:22:37","updated_at":"2023-08-14 10:22:37"} [et_pb_section fb_built="1" _builder_version="4.22.1" _module_preset="default" background_color="#1c2a3c" custom_padding="0px||0px|||" global_colors_info="{}"][et_pb_row _builder_version="4.22.1" _module_preset="default" width="100%" max_width="1600px" custom_padding="0px||0px|||" global_colors_info="{}"][et_pb_column type="4_4" _builder_version="4.22.1" _module_preset="default" global_colors_info="{}"][et_pb_text _builder_version="4.22.1" _module_preset="default" text_font="|||||||" text_text_color="#8fa3ba" text_font_size="14px" global_colors_info="{}"]<div class="link-page-wrapper" data-layout="page-2"><div class="link-page-header"><img src="https:\/\/crownlawgroup.com\/wp-content\/uploads\/2023\/08\/crown-logo.png" alt=""\/><\/div><div class="link-page-links"><a class="link-page-button" href="https:\/\/crownlawgroup.com\/contact\/">Free Case Evaluation<\/a><a class="link-page-button" href="https:\/\/crownlawgroup.com\/practice-areas\/">Practice Areas<\/a><a class="link-page-button" href="https:\/\/crownlawgroup.com\/reviews\/">Client Reviews<\/a><\/div><\/div>[\/et_pb_text][\/et_pb_column][\/et_pb_row][\/et_pb_section] {"id":"link_page_settings","title":"","description":"","profile_image":"","name":"","bio":"","instagram_handle":"","twitter_handle":"","faceb
ook_handle":"","email":"","website_url":"","phone_number":"","dark_mode":"no","layout":"page-2","background_image":{"type":"url","url":"https:\/\/crownlawgroup.com\/wp-content\/uploads\/2023\/08\/law-office-background.jpg"},"logo_image":{"type":"url","url":"https:\/\/crownlawgroup.com\/wp-content\/uploads\/2023\/08\/crown-logo.png"},"text_color":"#ffffff","button_style":"rounded","button_color":"#c8a24a","button_text_color":"#1c2a3c","font_family":"default","social_icons":{"facebook":"","twitter":"","instagram":"","linkedin":"","youtube":"","tiktok":"","pinterest":""},"links":[{"title":"Free Case Evaluation","url":"https:\/\/crownlawgroup.com\/contact\/","enabled":"yes","icon":"","image":""},{"title":"Practice Areas","url":"https:\/\/crownlawgroup.com\/practice-areas\/","enabled":"yes","icon":"","image":""},{"title":"Client Reviews","url":"https:\/\/crownlawgroup.com\/reviews\/","enabled":"yes","icon":"","image":""}],"seo_title":"","seo_description":"","seo_image":"","custom_css":"","tracking_code":"","show_branding":"no","created_at":"2023-08-14 10:22:37","updated_at":"2023-08-14 10:22:37"} [et_pb_section fb_built="1" _builder_version="4.22.1" _module_preset="default" background_color="#1c2a3c" custom_padding="0px||0px|||" global_colors_info="{}"][et_pb_row _builder_version="4.22.1" _module_preset="default" width="100%" max_width="1600px" custom_padding="0px||0px|||" global_colors_info="{}"][et_pb_column type="4_4" _builder_version="4.22.1" _module_preset="default" global_colors_info="{}"][et_pb_text _builder_version="4.22.1" _module_preset="default" text_font="|||||||" text_text_color="#8fa3ba" text_font_size="14px" global_colors_info="{}"]<div class="link-page-wrapper" data-layout="page-2"><div class="link-page-header"><img src="https:\/\/crownlawgroup.com\/wp-content\/uploads\/2023\/08\/crown-logo.png" alt=""\/><\/div><div class="link-page-links"><a class="link-page-button" href="https:\/\/crownlawgroup.com\/contact\/">Free Case Evaluation<\/a><a class="link-page-button" href="https:\/\/crownlawgroup.com\/practice-areas\/">Practice Areas<\/a><a class="link-page-button" href="https:\/\/crownlawgroup.com\/reviews\/">Client Reviews<\/a><\/div><\/div>[\/et_pb_text][\/et_pb_column][\/et_pb_row][\/et_pb_section] {"id":"link_page_settings","title":"","description":"","profile_image":"","name":"","bio":"","instagram_handle":"","twitter_handle":"","faceb
ook_handle":"","email":"","website_url":"","phone_number":"","dark_mode":"no","layout":"page-2","background_image":{"type":"url","url":"https:\/\/crownlawgroup.com\/wp-content\/uploads\/2023\/08\/law-office-background.jpg"},"logo_image":{"type":"url","url":"https:\/\/crownlawgroup.com\/wp-content\/uploads\/2023\/08\/crown-logo.png"},"text_color":"#ffffff","button_style":"rounded","button_color":"#c8a24a","button_text_color":"#1c2a3c","font_family":"default","social_icons":{"facebook":"","twitter":"","instagram":"","linkedin":"","youtube":"","tiktok":"","pinterest":""},"links":[{"title":"Free Case Evaluation","url":"https:\/\/crownlawgroup.com\/contact\/","enabled":"yes","icon":"","image":""},{"title":"Practice Areas","url":"https:\/\/crownlawgroup.com\/practice-areas\/","enabled":"yes","icon":"","image":""},{"title":"Client Reviews","url":"https:\/\/crownlawgroup.com\/reviews\/","enabled":"yes","icon":"","image":""}],"seo_title":"","seo_description":"","seo_image":"","custom_css":"","tracking_code":"","show_branding":"no","created_at":"2023-08-14 10:22:37","updated_at":"2023-08-14 10:22:37"} [et_pb_section fb_built="1" _builder_version="4.22.1" _module_preset="default" background_color="#1c2a3c" custom_padding="0px||0px|||" global_colors_info="{}"][et_pb_row _builder_version="4.22.1" _module_preset="default" width="100%" max_width="1600px" custom_padding="0px||0px|||" global_colors_info="{}"][et_pb_column type="4_4" _builder_version="4.22.1" _module_preset="default" global_colors_info="{}"][et_pb_text _builder_version="4.22.1" _module_preset="default" text_font="|||||||" text_text_color="#8fa3ba" text_font_size="14px" global_colors_info="{}"]<div class="link-page-wrapper" data-layout="page-2"><div class="link-page-header"><img src="https:\/\/crownlawgroup.com\/wp-content\/uploads\/2023\/08\/crown-logo.png" alt=""\/><\/div><div class="link-page-links"><a class="link-page-button" href="https:\/\/crownlawgroup.com\/contact\/">Free Case Evaluation<\/a><a class="link-page-button" href="https:\/\/crownlawgroup.com\/practice-areas\/">Practice Areas<\/a><a class="link-page-button" href="https:\/\/crownlawgroup.com\/reviews\/">Client Reviews<\/a><\/div><\/div>[\/et_pb_text][\/et_pb_column][\/et_pb_row][\/et_pb_section] {"id":"link_page_settings","title":"","description":"","profile_image":"","name":"","bio":"","instagram_handle":"","twitter_handle":"","faceb
ook_handle":"","email":"","website_url":"","phone_number":"","dark_mode":"no","layout":"page-2","background_image":{"type":"url","url":"https:\/\/crownlawgroup.com\/wp-content\/uploads\/2023\/08\/law-office-background.jpg"},"logo_image":{"type":"url","url":"https:\/\/crownlawgroup.com\/wp-content\/uploads\/2023\/08\/crown-logo.png"},"text_color":"#ffffff","button_style":"rounded","button_color":"#c8a24a","button_text_color":"#1c2a3c","font_family":"default","social_icons":{"facebook":"","twitter":"","instagram":"","linkedin":"","youtube":"","tiktok":"","pinterest":""},"links":[{"title":"Free Case Evaluation","url":"https:\/\/crownlawgroup.com\/contact\/","enabled":"yes","icon":"","image":""},{"title":"Practice Areas","url":"https:\/\/crownlawgroup.com\/practice-areas\/","enabled":"yes","icon":"","image":""},{"title":"Client Reviews","url":"https:\/\/crownlawgroup.com\/reviews\/","enabled":"yes","icon":"","image":""}],"seo_title":"","seo_description":"","seo_image":"","custom_css":"","tracking_code":"","show_branding":"no","created_at":"2023-08-14 10:22:37","updated_at":"2023-08-14 10:22:37"} [et_pb_section fb_built="1" _builder_version="4.22.1" _module_preset="default" background_color="#1c2a3c" custom_padding="0px||0px|||" global_colors_info="{}"][et_pb_row _builder_version="4.22.1" _module_preset="default" width="100%" max_width="1600px" custom_padding="0px||0px|||" global_colors_info="{}"][et_pb_column type="4_4" _builder_version="4.22.1" _module_preset="default" global_colors_info="{}"][et_pb_text _builder_version="4.22.1" _module_preset="default" text_font="|||||||" text_text_color="#8fa3ba" text_font_size="14px" global_colors_info="{}"]<div class="link-page-wrapper" data-layout="page-2"><div class="link-page-header"><img src="https:\/\/crownlawgroup.com\/wp-content\/uploads\/2023\/08\/crown-logo.png" alt=""\/><\/div><div class="link-page-links"><a class="link-page-button" href="https:\/\/crownlawgroup.com\/contact\/">Free Case Evaluation<\/a><a class="link-page-button" href="https:\/\/crownlawgroup.com\/practice-areas\/">Practice Areas<\/a><a class="link-page-button" href="https:\/\/crownlawgroup.com\/reviews\/">Client Reviews<\/a><\/div><\/div>[\/et_pb_text][\/et_pb_column][\/et_pb_row][\/et_pb_section] {"id":"link_page_settings","title":"","description":"","profile_image":"","name":"","bio":"","instagram_handle":"","twitter_handle":"","faceb
ook_handle":"","email":"","website_url":"","phone_number":"","dark_mode":"no","layout":"page-2","background_image":{"type":"url","url":"https:\/\/crownlawgroup.com\/wp-content\/uploads\/2023\/08\/law-office-background.jpg"},"logo_image":{"type":"url","url":"https:\/\/crownlawgroup.com\/wp-content\/uploads\/2023\/08\/crown-logo.png"},"text_color":"#ffffff","button_style":"rounded","button_color":"#c8a24a","button_text_color":"#1c2a3c","font_family":"default","social_icons":{"facebook":"","twitter":"","instagram":"","linkedin":"","youtube":"","tiktok":"","pinterest":""},"links":[{"title":"Free Case Evaluation","url":"https:\/\/crownlawgroup.com\/contact\/","enabled":"yes","icon":"","image":""},{"title":"Practice Areas","url":"https:\/\/crownlawgroup.com\/practice-areas\/","enabled":"yes","icon":"","image":""},{"title":"Client Reviews","url":"https:\/\/crownlawgroup.com\/reviews\/","enabled":"yes","icon":"","image":""}],"seo_title":"","seo_description":"","seo_image":"","custom_css":"","tracking_code":"","show_branding":"no","created_at":"2023-08-14 10:22:37","updated_at":"2023-08-14 10:22:37"} [et_pb_section fb_built="1" _builder_version="4.22.1" _module_preset="default" background_color="#1c2a3c" custom_padding="0px||0px|||" global_colors_info="{}"][et_pb_row _builder_version="4.22.1" _module_preset="default" width="100%" max_width="1600px" custom_padding="0px||0px|||" global_colors_info="{}"][et_pb_column type="4_4" _builder_version="4.22.1" _module_preset="default" global_colors_info="{}"][et_pb_text _builder_version="4.22.1" _module_preset="default" text_font="|||||||" text_text_color="#8fa3ba" text_font_size="14px" global_colors_info="{}"]<div class="link-page-wrapper" data-layout="page-2"><div class="link-page-header"><img src="https:\/\/crownlawgroup.com\/wp-content\/uploads\/2023\/08\/crown-logo.png" alt=""\/><\/div><div class="link-page-links"><a class="link-page-button" href="https:\/\/crownlawgroup.com\/contact\/">Free Case Evaluation<\/a><a class="link-page-button" href="https:\/\/crownlawgroup.com\/practice-areas\/">Practice Areas<\/a><a class="link-page-button" href="https:\/\/crownlawgroup.com\/reviews\/">Client Reviews<\/a><\/div><\/div>[\/et_pb_text][\/et_pb_column][\/et_pb_row][\/et_pb_section] {"id":"link_page_settings","title":"","description":"","profile_image":"","name":"","bio":"","instagram_handle":"","twitter_handle":"","faceb
ook_handle":"","email":"","website_url":"","phone_number":"","dark_mode":"no","layout":"page-2","background_image":{"type":"url","url":"https:\/\/crownlawgroup.com\/wp-content\/uploads\/2023\/08\/law-office-background.jpg"},"logo_image":{"type":"url","url":"https:\/\/crownlawgroup.com\/wp-content\/uploads\/2023\/08\/crown-logo.png"},"text_color":"#ffffff","button_style":"rounded","button_color":"#c8a24a","button_text_color":"#1c2a3c","font_family":"default","social_icons":{"facebook":"","twitter":"","instagram":"","linkedin":"","youtube":"","tiktok":"","pinterest":""},"links":[{"title":"Free Case Evaluation","url":"https:\/\/crownlawgroup.com\/contact\/","enabled":"yes","icon":"","image":""},{"title":"Practice Areas","url":"https:\/\/crownlawgroup.com\/practice-areas\/","enabled":"yes","icon":"","image":""},{"title":"Client Reviews","url":"https:\/\/crownlawgroup.com\/reviews\/","enabled":"yes","icon":"","image":""}],"seo_title":"","seo_description":"","seo_image":"","custom_css":"","tracking_code":"","show_branding":"no","created_at":"2023-08-14 10:22:37","updated_at":"2023-08-14 10:22:37"} [et_pb_section fb_built="1" _builder_version="4.22.1" _module_preset="default" background_color="#1c2a3c" custom_padding="0px||0px|||" global_colors_info="{}"][et_pb_row _builder_version="4.22.1" _module_preset="default" width="100%" max_width="1600px" custom_padding="0px||0px|||" global_colors_info="{}"][et_pb_column type="4_4" _builder_version="4.22.1" _module_preset="default" global_colors_info="{}"][et_pb_text _builder_version="4.22.1" _module_preset="default" text_font="|||||||" text_text_color="#8fa3ba" text_font_size="14px" global_colors_info="{}"]<div class="link-page-wrapper" data-layout="page-2"><div class="link-page-header"><img src="https:\/\/crownlawgroup.com\/wp-content\/uploads\/2023\/08\/crown-logo.png" alt=""\/><\/div><div class="link-page-links"><a class="link-page-button" href="https:\/\/crownlawgroup.com\/contact\/">Free Case Evaluation<\/a><a class="link-page-button" href="https:\/\/crownlawgroup.com\/practice-areas\/">Practice Areas<\/a><a class="link-page-button" href="https:\/\/crownlawgroup.com\/reviews\/">Client Reviews<\/a><\/div><\/div>[\/et_pb_text][\/et_pb_column][\/et_pb_row][\/et_pb_section] {"id":"link_page_settings","title":"","description":"","profile_image":"","name":"","bio":"","instagram_handle":"","twitter_handle":"","faceb
ook_handle":"","email":"","website_url":"","phone_number":"","dark_mode":"no","layout":"page-2","background_image":{"type":"url","url":"https:\/\/crownlawgroup.com\/wp-content\/uploads\/2023\/08\/law-office-background.jpg"},"logo_image":{"type":"url","url":"https:\/\/crownlawgroup.com\/wp-content\/uploads\/2023\/08\/crown-logo.png"},"text_color":"#ffffff","button_style":"rounded","button_color":"#c8a24a","button_text_color":"#1c2a3c","font_family":"default","social_icons":{"facebook":"","twitter":"","instagram":"","linkedin":"","youtube":"","tiktok":"","pinterest":""},"links":[{"title":"Free Case Evaluation","url":"https:\/\/crownlawgroup.com\/contact\/","enabled":"yes","icon":"","image":""},{"title":"Practice Areas","url":"https:\/\/crownlawgroup.com\/practice-areas\/","enabled":"yes","icon":"","image":""},{"title":"Client Reviews","url":"https:\/\/crownlawgroup.com\/reviews\/","enabled":"yes","icon":"","image":""}],"seo_title":"","seo_description":"","seo_image":"","custom_css":"","tracking_code":"","show_branding":"no","created_at":"2023-08-14 10:22:37","updated_at":"2023-08-14 10:22:37"} [et_pb_section fb_built="1" _builder_version="4.22.1" _module_preset="default" background_color="#1c2a3c" custom_padding="0px||0px|||" global_colors_info="{}"][et_pb_row _builder_version="4.22.1" _module_preset="default" width="100%" max_width="1600px" custom_padding="0px||0px|||" global_colors_info="{}"][et_pb_column type="4_4" _builder_version="4.22.1" _module_preset="default" global_colors_info="{}"][et_pb_text _builder_version="4.22.1" _module_preset="default" text_font="|||||||" text_text_color="#8fa3ba" text_font_size="14px" global_colors_info="{}"]<div class="link-page-wrapper" data-layout="page-2"><div class="link-page-header"><img src="https:\/\/crownlawgroup.com\/wp-content\/uploads\/2023\/08\/crown-logo.png" alt=""\/><\/div><div class="link-page-links"><a class="link-page-button" href="https:\/\/crownlawgroup.com\/contact\/">Free Case Evaluation<\/a><a class="link-page-button" href="https:\/\/crownlawgroup.com\/practice-areas\/">Practice Areas<\/a><a class="link-page-button" href="https:\/\/crownlawgroup.com\/reviews\/">Client Reviews<\/a><\/div><\/div>[\/et_pb_text][\/et_pb_column][\/et_pb_row][\/et_pb_section] {"id":"link_page_settings","title":"","description":"","profile_image":"","name":"","bio":"","instagram_handle":"","twitter_handle":"","faceb
ook_handle":"","email":"","website_url":"","phone_number":"","dark_mode":"no","layout":"page-2","background_image":{"type":"url","url":"https:\/\/crownlawgroup.com\/wp-content\/uploads\/2023\/08\/law-office-background.jpg"},"logo_image":{"type":"url","url":"https:\/\/crownlawgroup.com\/wp-content\/uploads\/2023\/08\/crown-logo.png"},"text_color":"#ffffff","button_style":"rounded","button_color":"#c8a24a","button_text_color":"#1c2a3c","font_family":"default","social_icons":{"facebook":"","twitter":"","instagram":"","linkedin":"","youtube":"","tiktok":"","pinterest":""},"links":[{"title":"Free Case Evaluation","url":"https:\/\/crownlawgroup.com\/contact\/","enabled":"yes","icon":"","image":""},{"title":"Practice Areas","url":"https:\/\/crownlawgroup.com\/practice-areas\/","enabled":"yes","icon":"","image":""},{"title":"Client Reviews","url":"https:\/\/crownlawgroup.com\/reviews\/","enabled":"yes","icon":"","image":""}],"seo_title":"","seo_description":"","seo_image":"","custom_css":"","tracking_code":"","show_branding":"no","created_at":"2023-08-14 10:22:37","updated_at":"2023-08-14 10:22:37"} [et_pb_section fb_built="1" _builder_version="4.22.1" _module_preset="default" background_color="#1c2a3c" custom_padding="0px||0px|||" global_colors_info="{}"][et_pb_row _builder_version="4.22.1" _module_preset="default" width="100%" max_width="1600px" custom_padding="0px||0px|||" global_colors_info="{}"][et_pb_column type="4_4" _builder_version="4.22.1" _module_preset="default" global_colors_info="{}"][et_pb_text _builder_version="4.22.1" _module_preset="default" text_font="|||||||" text_text_color="#8fa3ba" text_font_size="14px" global_colors_info="{}"]<div class="link-page-wrapper" data-layout="page-2"><div class="link-page-header"><img src="https:\/\/crownlawgroup.com\/wp-content\/uploads\/2023\/08\/crown-logo.png" alt=""\/><\/div><div class="link-page-links"><a class="link-page-button" href="https:\/\/crownlawgroup.com\/contact\/">Free Case Evaluation<\/a><a class="link-page-button" href="https:\/\/crownlawgroup.com\/practice-areas\/">Practice Areas<\/a><a class="link-page-button" href="https:\/\/crownlawgroup.com\/reviews\/">Client Reviews<\/a><\/div><\/div>[\/et_pb_text][\/et_pb_column][\/et_pb_row][\/et_pb_section] {"id":"link_page_settings","title":"","description":"","profile_image":"","name":"","bio":"","instagram_handle":"","twitter_handle":"","faceb
ook_handle":"","email":"","website_url":"","phone_number":"","dark_mode":"no","layout":"page-2","background_image":{"type":"url","url":"https:\/\/crownlawgroup.com\/wp-content\/uploads\/2023\/08\/law-office-background.jpg"},"logo_image":{"type":"url","url":"https:\/\/crownlawgroup.com\/wp-content\/uploads\/2023\/08\/crown-logo.png"},"text_color":"#ffffff","button_style":"rounded","button_color":"#c8a24a","button_text_color":"#1c2a3c","font_family":"default","social_icons":{"facebook":"","twitter":"","instagram":"","linkedin":"","youtube":"","tiktok":"","pinterest":""},"links":[{"title":"Free Case Evaluation","url":"https:\/\/crownlawgroup.com\/contact\/","enabled":"yes","icon":"","image":""},{"title":"Practice Areas","url":"https:\/\/crownlawgroup.com\/practice-areas\/","enabled":"yes","icon":"","image":""},{"title":"Client Reviews","url":"https:\/\/crownlawgroup.com\/reviews\/","enabled":"yes","icon":"","image":""}],"seo_title":"","seo_description":"","seo_image":"","custom_css":"","tracking_code":"","show_branding":"no","created_at":"2023-08-14 10:22:37","updated_at":"2023-08-14 10:22:37"} [et_pb_section fb_built="1" _builder_version="4.22.1" _module_preset="default" background_color="#1c2a3c" custom_padding="0px||0px|||" global_colors_info="{}"][et_pb_row _builder_version="4.22.1" _module_preset="default" width="100%" max_width="1600px" custom_padding="0px||0px|||" global_colors_info="{}"][et_pb_column type="4_4" _builder_version="4.22.1" _module_preset="default" global_colors_info="{}"][et_pb_text _builder_version="4.22.1" _module_preset="default" text_font="|||||||" text_text_color="#8fa3ba" text_font_size="14px" global_colors_info="{}"]<div class="link-page-wrapper" data-layout="page-2"><div class="link-page-header"><img src="https:\/\/crownlawgroup.com\/wp-content\/uploads\/2023\/08\/crown-logo.png" alt=""\/><\/div><div class="link-page-links"><a class="link-page-button" href="https:\/\/crownlawgroup.com\/contact\/">Free Case Evaluation<\/a><a class="link-page-button" href="https:\/\/crownlawgroup.com\/practice-areas\/">Practice Areas<\/a><a class="link-page-button" href="https:\/\/crownlawgroup.com\/reviews\/">Client Reviews<\/a><\/div><\/div>[\/et_pb_text][\/et_pb_column][\/et_pb_row][\/et_pb_section] {"id":"link_page_settings","title":"","description":"","profile_image":"","name":"","bio":"","instagram_handle":"","twitter_handle":"","faceb
ook_handle":"","email":"","website_url":"","phone_number":"","dark_mode":"no","layout":"page-2","background_image":{"type":"url","url":"https:\/\/crownlawgroup.com\/wp-content\/uploads\/2023\/08\/law-office-background.jpg"},"logo_image":{"type":"url","url":"https:\/\/crownlawgroup.com\/wp-content\/uploads\/2023\/08\/crown-logo.png"},"text_color":"#ffffff","button_style":"rounded","button_color":"#c8a24a","button_text_color":"#1c2a3c","font_family":"default","social_icons":{"facebook":"","twitter":"","instagram":"","linkedin":"","youtube":"","tiktok":"","pinterest":""},"links":[{"title":"Free Case Evaluation","url":"https:\/\/crownlawgroup.com\/contact\/","enabled":"yes","icon":"","image":""},{"title":"Practice Areas","url":"https:\/\/crownlawgroup.com\/practice-areas\/","enabled":"yes","icon":"","image":""},{"title":"Client Reviews","url":"https:\/\/crownlawgroup.com\/reviews\/","enabled":"yes","icon":"","image":""}],"seo_title":"","seo_description":"","seo_image":"","custom_css":"","tracking_code":"","show_branding":"no","created_at":"2023-08-14 10:22:37","updated_at":"2023-08-14 10:22:37"} [et_pb_section fb_built="1" _builder_version="4.22.1" _module_preset="default" background_color="#1c2a3c" custom_padding="0px||0px|||" global_colors_info="{}"][et_pb_row _builder_version="4.22.1" _module_preset="default" width="100%" max_width="1600px" custom_padding="0px||0px|||" global_colors_info="{}"][et_pb_column type="4_4" _builder_version="4.22.1" _module_preset="default" global_colors_info="{}"][et_pb_text _builder_version="4.22.1" _module_preset="default" text_font="|||||||" text_text_color="#8fa3ba" text_font_size="14px" global_colors_info="{}"]<div class="link-page-wrapper" data-layout="page-2"><div class="link-page-header"><img src="https:\/\/crownlawgroup.com\/wp-content\/uploads\/2023\/08\/crown-logo.png" alt=""\/><\/div><div class="link-page-links"><a class="link-page-button" href="https:\/\/crownlawgroup.com\/contact\/">Free Case Evaluation<\/a><a class="link-page-button" href="https:\/\/crownlawgroup.com\/practice-areas\/">Practice Areas<\/a><a class="link-page-button" href="https:\/\/crownlawgroup.com\/reviews\/">Client Reviews<\/a><\/div><\/div>[\/et_pb_text][\/et_pb_column][\/et_pb_row][\/et_pb_section] {"id":"link_page_settings","title":"","description":"","profile_image":"","name":"","bio":"","instagram_handle":"","twitter_handle":"","faceb
ook_handle":"","email":"","website_url":"","phone_number":"","dark_mode":"no","layout":"page-2","background_image":{"type":"url","url":"https:\/\/crownlawgroup.com\/wp-content\/uploads\/2023\/08\/law-office-background.jpg"},"logo_image":{"type":"url","url":"https:\/\/crownlawgroup.com\/wp-content\/uploads\/2023\/08\/crown-logo.png"},"text_color":"#ffffff","button_style":"rounded","button_color":"#c8a24a","button_text_color":"#1c2a3c","font_family":"default","social_icons":{"facebook":"","twitter":"","instagram":"","linkedin":"","youtube":"","tiktok":"","pinterest":""},"links":[{"title":"Free Case Evaluation","url":"https:\/\/crownlawgroup.com\/contact\/","enabled":"yes","icon":"","image":""},{"title":"Practice Areas","url":"https:\/\/crownlawgroup.com\/practice-areas\/","enabled":"yes","icon":"","image":""},{"title":"Client Reviews","url":"https:\/\/crownlawgroup.com\/reviews\/","enabled":"yes","icon":"","image":""}],"seo_title":"","seo_description":"","seo_image":"","custom_css":"","tracking_code":"","show_branding":"no","created_at":"2023-08-14 10:22:37","updated_at":"2023-08-14 10:22:37"} [et_pb_section fb_built="1" _builder_version="4.22.1" _module_preset="default" background_color="#1c2a3c" custom_padding="0px||0px|||" global_colors_info="{}"][et_pb_row _builder_version="4.22.1" _module_preset="default" width="100%" max_width="1600px" custom_padding="0px||0px|||" global_colors_info="{}"][et_pb_column type="4_4" _builder_version="4.22.1" _module_preset="default" global_colors_info="{}"][et_pb_text _builder_version="4.22.1" _module_preset="default" text_font="|||||||" text_text_color="#8fa3ba" text_font_size="14px" global_colors_info="{}"]<div class="link-page-wrapper" data-layout="page-2"><div class="link-page-header"><img src="https:\/\/crownlawgroup.com\/wp-content\/uploads\/2023\/08\/crown-logo.png" alt=""\/><\/div><div class="link-page-links"><a class="link-page-button" href="https:\/\/crownlawgroup.com\/contact\/">Free Case Evaluation<\/a><a class="link-page-button" href="https:\/\/crownlawgroup.com\/practice-areas\/">Practice Areas<\/a><a class="link-page-button" href="https:\/\/crownlawgroup.com\/reviews\/">Client Reviews<\/a><\/div><\/div>[\/et_pb_text][\/et_pb_column][\/et_pb_row][\/et_pb_section] {"id":"link_page_settings","title":"","description":"","profile_image":"","name":"","bio":"","instagram_handle":"","twitter_handle":"","faceb
ook_handle":"","email":"","website_url":"","phone_number":"","dark_mode":"no","layout":"page-2","background_image":{"type":"url","url":"https:\/\/crownlawgroup.com\/wp-content\/uploads\/2023\/08\/law-office-background.jpg"},"logo_image":{"type":"url","url":"https:\/\/crownlawgroup.com\/wp-content\/uploads\/2023\/08\/crown-logo.png"},"text_color":"#ffffff","button_style":"rounded","button_color":"#c8a24a","button_text_color":"#1c2a3c","font_family":"default","social_icons":{"facebook":"","twitter":"","instagram":"","linkedin":"","youtube":"","tiktok":"","pinterest":""},"links":[{"title":"Free Case Evaluation","url":"https:\/\/crownlawgroup.com\/contact\/","enabled":"yes","icon":"","image":""},{"title":"Practice Areas","url":"https:\/\/crownlawgroup.com\/practice-areas\/","enabled":"yes","icon":"","image":""},{"title":"Client Reviews","url":"https:\/\/crownlawgroup.com\/reviews\/","enabled":"yes","icon":"","image":""}],"seo_title":"","seo_description":"","seo_image":"","custom_css":"","tracking_code":"","show_branding":"no","created_at":"2023-08-14 10:22:37","updated_at":"2023-08-14 10:22:37"} [et_pb_section fb_built="1" _builder_version="4.22.1" _module_preset="default" background_color="#1c2a3c" custom_padding="0px||0px|||" global_colors_info="{}"][et_pb_row _builder_version="4.22.1" _module_preset="default" width="100%" max_width="1600px" custom_padding="0px||0px|||" global_colors_info="{}"][et_pb_column type="4_4" _builder_version="4.22.1" _module_preset="default" global_colors_info="{}"][et_pb_text _builder_version="4.22.1" _module_preset="default" text_font="|||||||" text_text_color="#8fa3ba" text_font_size="14px" global_colors_info="{}"]<div class="link-page-wrapper" data-layout="page-2"><div class="link-page-header"><img src="https:\/\/crownlawgroup.com\/wp-content\/uploads\/2023\/08\/crown-logo.png" alt=""\/><\/div><div class="link-page-links"><a class="link-page-button" href="https:\/\/crownlawgroup.com\/contact\/">Free Case Evaluation<\/a><a class="link-page-button" href="https:\/\/crownlawgroup.com\/practice-areas\/">Practice Areas<\/a><a class="link-page-button" href="https:\/\/crownlawgroup.com\/reviews\/">Client Reviews<\/a><\/div><\/div>[\/et_pb_text][\/et_pb_column][\/et_pb_row][\/et_pb_section] {"id":"link_page_settings","title":"","description":"","profile_image":"","name":"","bio":"","instagram_handle":"","twitter_handle":"","faceb
ook_handle":"","email":"","website_url":"","phone_number":"","dark_mode":"no","layout":"page-2","background_image":{"type":"url","url":"https:\/\/crownlawgroup.com\/wp-content\/uploads\/2023\/08\/law-office-background.jpg"},"logo_image":{"type":"url","url":"https:\/\/crownlawgroup.com\/wp-content\/uploads\/2023\/08\/crown-logo.png"},"text_color":"#ffffff","button_style":"rounded","button_color":"#c8a24a","button_text_color":"#1c2a3c","font_family":"default","social_icons":{"facebook":"","twitter":"","instagram":"","linkedin":"","youtube":"","tiktok":"","pinterest":""},"links":[{"title":"Free Case Evaluation","url":"https:\/\/crownlawgroup.com\/contact\/","enabled":"yes","icon":"","image":""},{"title":"Practice Areas","url":"https:\/\/crownlawgroup.com\/practice-areas\/","enabled":"yes","icon":"","image":""},{"title":"Client Reviews","url":"https:\/\/crownlawgroup.com\/reviews\/","enabled":"yes","icon":"","image":""}],"seo_title":"","seo_description":"","seo_image":"","custom_css":"","tracking_code":"","show_branding":"no","created_at":"2023-08-14 10:22:37","updated_at":"2023-08-14 10:22:37"} [et_pb_section fb_built="1" _builder_version="4.22.1" _module_preset="default" background_color="#1c2a3c" custom_padding="0px||0px|||" global_colors_info="{}"][et_pb_row _builder_version="4.22.1" _module_preset="default" width="100%" max_width="1600px" custom_padding="0px||0px|||" global_colors_info="{}"][et_pb_column type="4_4" _builder_version="4.22.1" _module_preset="default" global_colors_info="{}"][et_pb_text _builder_version="4.22.1" _module_preset="default" text_font="|||||||" text_text_color="#8fa3ba" text_font_size="14px" global_colors_info="{}"]<div class="link-page-wrapper" data-layout="page-2"><div class="link-page-header"><img src="https:\/\/crownlawgroup.com\/wp-content\/uploads\/2023\/08\/crown-logo.png" alt=""\/><\/div><div class="link-page-links"><a class="link-page-button" href="https:\/\/crownlawgroup.com\/contact\/">Free Case Evaluation<\/a><a class="link-page-button" href="https:\/\/crownlawgroup.com\/practice-areas\/">Practice Areas<\/a><a class="link-page-button" href="https:\/\/crownlawgroup.com\/reviews\/">Client Reviews<\/a><\/div><\/div>[\/et_pb_text][\/et_pb_column][\/et_pb_row][\/et_pb_section] {"id":"link_page_settings","title":"","description":"","profile_image":"","name":"","bio":"","instagram_handle":"","twitter_handle":"","faceb
ook_handle":"","email":"","website_url":"","phone_number":"","dark_mode":"no","layout":"page-2","background_image":{"type":"url","url":"https:\/\/crownlawgroup.com\/wp-content\/uploads\/2023\/08\/law-office-background.jpg"},"logo_image":{"type":"url","url":"https:\/\/crownlawgroup.com\/wp-content\/uploads\/2023\/08\/crown-logo.png"},"text_color":"#ffffff","button_style":"rounded","button_color":"#c8a24a","button_text_color":"#1c2a3c","font_family":"default","social_icons":{"facebook":"","twitter":"","instagram":"","linkedin":"","youtube":"","tiktok":"","pinterest":""},"links":[{"title":"Free Case Evaluation","url":"https:\/\/crownlawgroup.com\/contact\/","enabled":"yes","icon":"","image":""},{"title":"Practice Areas","url":"https:\/\/crownlawgroup.com\/practice-areas\/","enabled":"yes","icon":"","image":""},{"title":"Client Reviews","url":"https:\/\/crownlawgroup.com\/reviews\/","enabled":"yes","icon":"","image":""}],"seo_title":"","seo_description":"","seo_image":"","custom_css":"","tracking_code":"","show_branding":"no","created_at":"2023-08-14 10:22:37","updated_at":"2023-08-14 10:22:37"} [et_pb_section fb_built="1" _builder_version="4.22.1" _module_preset="default" background_color="#1c2a3c" custom_padding="0px||0px|||" global_colors_info="{}"][et_pb_row _builder_version="4.22.1" _module_preset="default" width="100%" max_width="1600px" custom_padding="0px||0px|||" global_colors_info="{}"][et_pb_column type="4_4" _builder_version="4.22.1" _module_preset="default" global_colors_info="{}"][et_pb_text _builder_version="4.22.1" _module_preset="default" text_font="|||||||" text_text_color="#8fa3ba" text_font_size="14px" global_colors_info="{}"]<div class="link-page-wrapper" data-layout="page-2"><div class="link-page-header"><img src="https:\/\/crownlawgroup.com\/wp-content\/uploads\/2023\/08\/crown-logo.png" alt=""\/><\/div><div class="link-page-links"><a class="link-page-button" href="https:\/\/crownlawgroup.com\/contact\/">Free Case Evaluation<\/a><a class="link-page-button" href="https:\/\/crownlawgroup.com\/practice-areas\/">Practice Areas<\/a><a class="link-page-button" href="https:\/\/crownlawgroup.com\/reviews\/">Client Reviews<\/a><\/div><\/div>[\/et_pb_text][\/et_pb_column][\/et_pb_row][\/et_pb_section] {"id":"link_page_settings","title":"","description":"","profile_image":"","name":"","bio":"","instagram_handle":"","twitter_handle":"","faceb
ook_handle":"","email":"","website_url":"","phone_number":"","dark_mode":"no","layout":"page-2","background_image":{"type":"url","url":"https:\/\/crownlawgroup.com\/wp-content\/uploads\/2023\/08\/law-office-background.jpg"},"logo_image":{"type":"url","url":"https:\/\/crownlawgroup.com\/wp-content\/uploads\/2023\/08\/crown-logo.png"},"text_color":"#ffffff","button_style":"rounded","button_color":"#c8a24a","button_text_color":"#1c2a3c","font_family":"default","social_icons":{"facebook":"","twitter":"","instagram":"","linkedin":"","youtube":"","tiktok":"","pinterest":""},"links":[{"title":"Free Case Evaluation","url":"https:\/\/crownlawgroup.com\/contact\/","enabled":"yes","icon":"","image":""},{"title":"Practice Areas","url":"https:\/\/crownlawgroup.com\/practice-areas\/","enabled":"yes","icon":"","image":""},{"title":"Client Reviews","url":"https:\/\/crownlawgroup.com\/reviews\/","enabled":"yes","icon":"","image":""}],"seo_title":"","seo_description":"","seo_image":"","custom_css":"","tracking_code":"","show_branding":"no","created_at":"2023-08-14 10:22:37","updated_at":"2023-08-14 10:22:37"} [et_pb_section fb_built="1" _builder_version="4.22.1" _module_preset="default" background_color="#1c2a3c" custom_padding="0px||0px|||" global_colors_info="{}"][et_pb_row _builder_version="4.22.1" _module_preset="default" width="100%" max_width="1600px" custom_padding="0px||0px|||" global_colors_info="{}"][et_pb_column type="4_4" _builder_version="4.22.1" _module_preset="default" global_colors_info="{}"][et_pb_text _builder_version="4.22.1" _module_preset="default" text_font="|||||||" text_text_color="#8fa3ba" text_font_size="14px" global_colors_info="{}"]<div class="link-page-wrapper" data-layout="page-2"><div class="link-page-header"><img src="https:\/\/crownlawgroup.com\/wp-content\/uploads\/2023\/08\/crown-logo.png" alt=""\/><\/div><div class="link-page-links"><a class="link-page-button" href="https:\/\/crownlawgroup.com\/contact\/">Free Case Evaluation<\/a><a class="link-page-button" href="https:\/\/crownlawgroup.com\/practice-areas\/">Practice Areas<\/a><a class="link-page-button" href="https:\/\/crownlawgroup.com\/reviews\/">Client Reviews<\/a><\/div><\/div>[\/et_pb_text][\/et_pb_column][\/et_pb_row][\/et_pb_section] {"id":"link_page_settings","title":"","description":"","profile_image":"","name":"","bio":"","instagram_handle":"","twitter_handle":"","faceb
ook_handle":"","email":"","website_url":"","phone_number":"","dark_mode":"no","layout":"page-2","background_image":{"type":"url","url":"https:\/\/crownlawgroup.com\/wp-content\/uploads\/2023\/08\/law-office-background.jpg"},"logo_image":{"type":"url","url":"https:\/\/crownlawgroup.com\/wp-content\/uploads\/2023\/08\/crown-logo.png"},"text_color":"#ffffff","button_style":"rounded","button_color":"#c8a24a","button_text_color":"#1c2a3c","font_family":"default","social_icons":{"facebook":"","twitter":"","instagram":"","linkedin":"","youtube":"","tiktok":"","pinterest":""},"links":[{"title":"Free Case Evaluation","url":"https:\/\/crownlawgroup.com\/contact\/","enabled":"yes","icon":"","image":""},{"title":"Practice Areas","url":"https:\/\/crownlawgroup.com\/practice-areas\/","enabled":"yes","icon":"","image":""},{"title":"Client Reviews","url":"https:\/\/crownlawgroup.com\/reviews\/","enabled":"yes","icon":"","image":""}],"seo_title":"","seo_description":"","seo_image":"","custom_css":"","tracking_code":"","show_branding":"no","created_at":"2023-08-14 10:22:37","updated_at":"2023-08-14 10:22:37"} [et_pb_section fb_built="1" _builder_version="4.22.1" _module_preset="default" background_color="#1c2a3c" custom_padding="0px||0px|||" global_colors_info="{}"][et_pb_row _builder_version="4.22.1" _module_preset="default" width="100%" max_width="1600px" custom_padding="0px||0px|||" global_colors_info="{}"][et_pb_column type="4_4" _builder_version="4.22.1" _module_preset="default" global_colors_info="{}"][et_pb_text _builder_version="4.22.1" _module_preset="default" text_font="|||||||" text_text_color="#8fa3ba" text_font_size="14px" global_colors_info="{}"]<div class="link-page-wrapper" data-layout="page-2"><div class="link-page-header"><img src="https:\/\/crownlawgroup.com\/wp-content\/uploads\/2023\/08\/crown-logo.png" alt=""\/><\/div><div class="link-page-links"><a class="link-page-button" href="https:\/\/crownlawgroup.com\/contact\/">Free Case Evaluation<\/a><a class="link-page-button" href="https:\/\/crownlawgroup.com\/practice-areas\/">Practice Areas<\/a><a class="link-page-button" href="https:\/\/crownlawgroup.com\/reviews\/">Client Reviews<\/a><\/div><\/div>[\/et_pb_text][\/et_pb_column][\/et_pb_row][\/et_pb_section] {"id":"link_page_settings","title":"","description":"","profile_image":"","name":"","bio":"","instagram_handle":"","twitter_handle":"","faceb
ook_handle":"","email":"","website_url":"","phone_number":"","dark_mode":"no","layout":"page-2","background_image":{"type":"url","url":"https:\/\/crownlawgroup.com\/wp-content\/uploads\/2023\/08\/law-office-background.jpg"},"logo_image":{"type":"url","url":"https:\/\/crownlawgroup.com\/wp-content\/uploads\/2023\/08\/crown-logo.png"},"text_color":"#ffffff","button_style":"rounded","button_color":"#c8a24a","button_text_color":"#1c2a3c","font_family":"default","social_icons":{"facebook":"","twitter":"","instagram":"","linkedin":"","youtube":"","tiktok":"","pinterest":""},"links":[{"title":"Free Case Evaluation","url":"https:\/\/crownlawgroup.com\/contact\/","enabled":"yes","icon":"","image":""},{"title":"Practice Areas","url":"https:\/\/crownlawgroup.com\/practice-areas\/","enabled":"yes","icon":"","image":""},{"title":"Client Reviews","url":"https:\/\/crownlawgroup.com\/reviews\/","enabled":"yes","icon":"","image":""}],"seo_title":"","seo_description":"","seo_image":"","custom_css":"","tracking_code":"","show_branding":"no","created_at":"2023-08-14 10:22:37","updated_at":"2023-08-14 10:22:37"} [et_pb_section fb_built="1" _builder_version="4.22.1" _module_preset="default" background_color="#1c2a3c" custom_padding="0px||0px|||" global_colors_info="{}"][et_pb_row _builder_version="4.22.1" _module_preset="default" width="100%" max_width="1600px" custom_padding="0px||0px|||" global_colors_info="{}"][et_pb_column type="4_4" _builder_version="4.22.1" _module_preset="default" global_colors_info="{}"][et_pb_text _builder_version="4.22.1" _module_preset="default" text_font="|||||||" text_text_color="#8fa3ba" text_font_size="14px" global_colors_info="{}"]<div class="link-page-wrapper" data-layout="page-2"><div class="link-page-header"><img src="https:\/\/crownlawgroup.com\/wp-content\/uploads\/2023\/08\/crown-logo.png" alt=""\/><\/div><div class="link-page-links"><a class="link-page-button" href="https:\/\/crownlawgroup.com\/contact\/">Free Case Evaluation<\/a><a class="link-page-button" href="https:\/\/crownlawgroup.com\/practice-areas\/">Practice Areas<\/a><a class="link-page-button" href="https:\/\/crownlawgroup.com\/reviews\/">Client Reviews<\/a><\/div><\/div>[\/et_pb_text][\/et_pb_column][\/et_pb_row][\/et_pb_section] {"id":"link_page_settings","title":"","description":"","profile_image":"","name":"","bio":"","instagram_handle":"","twitter_handle":"","faceb
ook_handle":"","email":"","website_url":"","phone_number":"","dark_mode":"no","layout":"page-2","background_image":{"type":"url","url":"https:\/\/crownlawgroup.com\/wp-content\/uploads\/2023\/08\/law-office-background.jpg"},"logo_image":{"type":"url","url":"https:\/\/crownlawgroup.com\/wp-content\/uploads\/2023\/08\/crown-logo.png"},"text_color":"#ffffff","button_style":"rounded","button_color":"#c8a24a","button_text_color":"#1c2a3c","font_family":"default","social_icons":{"facebook":"","twitter":"","instagram":"","linkedin":"","youtube":"","tiktok":"","pinterest":""},"links":[{"title":"Free Case Evaluation","url":"https:\/\/crownlawgroup.com\/contact\/","enabled":"yes","icon":"","image":""},{"title":"Practice Areas","url":"https:\/\/crownlawgroup.com\/practice-areas\/","enabled":"yes","icon":"","image":""},{"title":"Client Reviews","url":"https:\/\/crownlawgroup.com\/reviews\/","enabled":"yes","icon":"","image":""}],"seo_title":"","seo_description":"","seo_image":"","custom_css":"","tracking_code":"","show_branding":"no","created_at":"2023-08-14 10:22:37","updated_at":"2023-08-14 10:22:37"} [et_pb_section fb_built="1" _builder_version="4.22.1" _module_preset="default" background_color="#1c2a3c" custom_padding="0px||0px|||" global_colors_info="{}"][et_pb_row _builder_version="4.22.1" _module_preset="default" width="100%" max_width="1600px" custom_padding="0px||0px|||" global_colors_info="{}"][et_pb_column type="4_4" _builder_version="4.22.1" _module_preset="default" global_colors_info="{}"][et_pb_text _builder_version="4.22.1" _module_preset="default" text_font="|||||||" text_text_color="#8fa3ba" text_font_size="14px" global_colors_info="{}"]<div class="link-page-wrapper" data-layout="page-2"><div class="link-page-header"><img src="https:\/\/crownlawgroup.com\/wp-content\/uploads\/2023\/08\/crown-logo.png" alt=""\/><\/div><div class="link-page-links"><a class="link-page-button" href="https:\/\/crownlawgroup.com\/contact\/">Free Case Evaluation<\/a><a class="link-page-button" href="https:\/\/crownlawgroup.com\/practice-areas\/">Practice Areas<\/a><a class="link-page-button" href="https:\/\/crownlawgroup.com\/reviews\/">Client Reviews<\/a><\/div><\/div>[\/et_pb_text][\/et_pb_column][\/et_pb_row][\/et_pb_section] {"id":"link_page_settings","title":"","description":"","profile_image":"","name":"","bio":"","instagram_handle":"","twitter_handle":"","faceb
ook_handle":"","email":"","website_url":"","phone_number":"","dark_mode":"no","layout":"page-2","background_image":{"type":"url","url":"https:\/\/crownlawgroup.com\/wp-content\/uploads\/2023\/08\/law-office-background.jpg"},"logo_image":{"type":"url","url":"https:\/\/crownlawgroup.com\/wp-content\/uploads\/2023\/08\/crown-logo.png"},"text_color":"#ffffff","button_style":"rounded","button_color":"#c8a24a","button_text_color":"#1c2a3c","font_family":"default","social_icons":{"facebook":"","twitter":"","instagram":"","linkedin":"","youtube":"","tiktok":"","pinterest":""},"links":[{"title":"Free Case Evaluation","url":"https:\/\/crownlawgroup.com\/contact\/","enabled":"yes","icon":"","image":""},{"title":"Practice Areas","url":"https:\/\/crownlawgroup.com\/practice-areas\/","enabled":"yes","icon":"","image":""},{"title":"Client Reviews","url":"https:\/\/crownlawgroup.com\/reviews\/","enabled":"yes","icon":"","image":""}],"seo_title":"","seo_description":"","seo_image":"","custom_css":"","tracking_code":"","show_branding":"no","created_at":"2023-08-14 10:22:37","updated_at":"2023-08-14 10:22:37"} [et_pb_section fb_built="1" _builder_version="4.22.1" _module_preset="default" background_color="#1c2a3c" custom_padding="0px||0px|||" global_colors_info="{}"][et_pb_row _builder_version="4.22.1" _module_preset="default" width="100%" max_width="1600px" custom_padding="0px||0px|||" global_colors_info="{}"][et_pb_column type="4_4" _builder_version="4.22.1" _module_preset="default" global_colors_info="{}"][et_pb_text _builder_version="4.22.1" _module_preset="default" text_font="|||||||" text_text_color="#8fa3ba" text_font_size="14px" global_colors_info="{}"]<div class="link-page-wrapper" data-layout="page-2"><div class="link-page-header"><img src="https:\/\/crownlawgroup.com\/wp-content\/uploads\/2023\/08\/crown-logo.png" alt=""\/><\/div><div class="link-page-links"><a class="link-page-button" href="https:\/\/crownlawgroup.com\/contact\/">Free Case Evaluation<\/a><a class="link-page-button" href="https:\/\/crownlawgroup.com\/practice-areas\/">Practice Areas<\/a><a class="link-page-button" href="https:\/\/crownlawgroup.com\/reviews\/">Client Reviews<\/a><\/div><\/div>[\/et_pb_text][\/et_pb_column][\/et_pb_row][\/et_pb_section] {"id":"link_page_settings","title":"","description":"","profile_image":"","name":"","bio":"","instagram_handle":"","twitter_handle":"","faceb
ook_handle":"","email":"","website_url":"","phone_number":"","dark_mode":"no","layout":"page-2","background_image":{"type":"url","url":"https:\/\/crownlawgroup.com\/wp-content\/uploads\/2023\/08\/law-office-background.jpg"},"logo_image":{"type":"url","url":"https:\/\/crownlawgroup.com\/wp-content\/uploads\/2023\/08\/crown-logo.png"},"text_color":"#ffffff","button_style":"rounded","button_color":"#c8a24a","button_text_color":"#1c2a3c","font_family":"default","social_icons":{"facebook":"","twitter":"","instagram":"","linkedin":"","youtube":"","tiktok":"","pinterest":""},"links":[{"title":"Free Case Evaluation","url":"https:\/\/crownlawgroup.com\/contact\/","enabled":"yes","icon":"","image":""},{"title":"Practice Areas","url":"https:\/\/crownlawgroup.com\/practice-areas\/","enabled":"yes","icon":"","image":""},{"title":"Client Reviews","url":"https:\/\/crownlawgroup.com\/reviews\/","enabled":"yes","icon":"","image":""}],"seo_title":"","seo_description":"","seo_image":"","custom_css":"","tracking_code":"","show_branding":"no","created_at":"2023-08-14 10:22:37","updated_at":"2023-08-14 10:22:37"} [et_pb_section fb_built="1" _builder_version="4.22.1" _module_preset="default" background_color="#1c2a3c" custom_padding="0px||0px|||" global_colors_info="{}"][et_pb_row _builder_version="4.22.1" _module_preset="default" width="100%" max_width="1600px" custom_padding="0px||0px|||" global_colors_info="{}"][et_pb_column type="4_4" _builder_version="4.22.1" _module_preset="default" global_colors_info="{}"][et_pb_text _builder_version="4.22.1" _module_preset="default" text_font="|||||||" text_text_color="#8fa3ba" text_font_size="14px" global_colors_info="{}"]<div class="link-page-wrapper" data-layout="page-2"><div class="link-page-header"><img src="https:\/\/crownlawgroup.com\/wp-content\/uploads\/2023\/08\/crown-logo.png" alt=""\/><\/div><div class="link-page-links"><a class="link-page-button" href="https:\/\/crownlawgroup.com\/contact\/">Free Case Evaluation<\/a><a class="link-page-button" href="https:\/\/crownlawgroup.com\/practice-areas\/">Practice Areas<\/a><a class="link-page-button" href="https:\/\/crownlawgroup.com\/reviews\/">Client Reviews<\/a><\/div><\/div>[\/et_pb_text][\/et_pb_column][\/et_pb_row][\/et_pb_section] {"id":"link_page_settings","title":"","description":"","profile_image":"","name":"","bio":"","instagram_handle":"","twitter_handle":"","faceb
ook_handle":"","email":"","website_url":"","phone_number":"","dark_mode":"no","layout":"page-2","background_image":{"type":"url","url":"https:\/\/crownlawgroup.com\/wp-content\/uploads\/2023\/08\/law-office-background.jpg"},"logo_image":{"type":"url","url":"https:\/\/crownlawgroup.com\/wp-content\/uploads\/2023\/08\/crown-logo.png"},"text_color":"#ffffff","button_style":"rounded","button_color":"#c8a24a","button_text_color":"#1c2a3c","font_family":"default","social_icons":{"facebook":"","twitter":"","instagram":"","linkedin":"","youtube":"","tiktok":"","pinterest":""},"links":[{"title":"Free Case Evaluation","url":"https:\/\/crownlawgroup.com\/contact\/","enabled":"yes","icon":"","image":""},{"title":"Practice Areas","url":"https:\/\/crownlawgroup.com\/practice-areas\/","enabled":"yes","icon":"","image":""},{"title":"Client Reviews","url":"https:\/\/crownlawgroup.com\/reviews\/","enabled":"yes","icon":"","image":""}],"seo_title":"","seo_description":"","seo_image":"","custom_css":"","tracking_code":"","show_branding":"no","created_at":"2023-08-14 10:22:37","updated_at":"2023-08-14 10:22:37"} [et_pb_section fb_built="1" _builder_version="4.22.1" _module_preset="default" background_color="#1c2a3c" custom_padding="0px||0px|||" global_colors_info="{}"][et_pb_row _builder_version="4.22.1" _module_preset="default" width="100%" max_width="1600px" custom_padding="0px||0px|||" global_colors_info="{}"][et_pb_column type="4_4" _builder_version="4.22.1" _module_preset="default" global_colors_info="{}"][et_pb_text _builder_version="4.22.1" _module_preset="default" text_font="|||||||" text_text_color="#8fa3ba" text_font_size="14px" global_colors_info="{}"]<div class="link-page-wrapper" data-layout="page-2"><div class="link-page-header"><img src="https:\/\/crownlawgroup.com\/wp-content\/uploads\/2023\/08\/crown-logo.png" alt=""\/><\/div><div class="link-page-links"><a class="link-page-button" href="https:\/\/crownlawgroup.com\/contact\/">Free Case Evaluation<\/a><a class="link-page-button" href="https:\/\/crownlawgroup.com\/practice-areas\/">Practice Areas<\/a><a class="link-page-button" href="https:\/\/crownlawgroup.com\/reviews\/">Client Reviews<\/a><\/div><\/div>[\/et_pb_text][\/et_pb_column][\/et_pb_row][\/et_pb_section] {"id":"link_page_settings","title":"","description":"","profile_image":"","name":"","bio":"","instagram_handle":"","twitter_handle":"","faceb
ook_handle":"","email":"","website_url":"","phone_number":"","dark_mode":"no","layout":"page-2","background_image":{"type":"url","url":"https:\/\/crownlawgroup.com\/wp-content\/uploads\/2023\/08\/law-office-background.jpg"},"logo_image":{"type":"url","url":"https:\/\/crownlawgroup.com\/wp-content\/uploads\/2023\/08\/crown-logo.png"},"text_color":"#ffffff","button_style":"rounded","button_color":"#c8a24a","button_text_color":"#1c2a3c","font_family":"default","social_icons":{"facebook":"","twitter":"","instagram":"","linkedin":"","youtube":"","tiktok":"","pinterest":""},"links":[{"title":"Free Case Evaluation","url":"https:\/\/crownlawgroup.com\/contact\/","enabled":"yes","icon":"","image":""},{"title":"Practice Areas","url":"https:\/\/crownlawgroup.com\/practice-areas\/","enabled":"yes","icon":"","image":""},{"title":"Client Reviews","url":"https:\/\/crownlawgroup.com\/reviews\/","enabled":"yes","icon":"","image":""}],"seo_title":"","seo_description":"","seo_image":"","custom_css":"","tracking_code":"","show_branding":"no","created_at":"2023-08-14 10:22:37","updated_at":"2023-08-14 10:22:37"} [et_pb_section fb_built="1" _builder_version="4.22.1" _module_preset="default" background_color="#1c2a3c" custom_padding="0px||0px|||" global_colors_info="{}"][et_pb_row _builder_version="4.22.1" _module_preset="default" width="100%" max_width="1600px" custom_padding="0px||0px|||" global_colors_info="{}"][et_pb_column type="4_4" _builder_version="4.22.1" _module_preset="default" global_colors_info="{}"][et_pb_text _builder_version="4.22.1" _module_preset="default" text_font="|||||||" text_text_color="#8fa3ba" text_font_size="14px" global_colors_info="{}"]<div class="link-page-wrapper" data-layout="page-2"><div class="link-page-header"><img src="https:\/\/crownlawgroup.com\/wp-content\/uploads\/2023\/08\/crown-logo.png" alt=""\/><\/div><div class="link-page-links"><a class="link-page-button" href="https:\/\/crownlawgroup.com\/contact\/">Free Case Evaluation<\/a><a class="link-page-button" href="https:\/\/crownlawgroup.com\/practice-areas\/">Practice Areas<\/a><a class="link-page-button" href="https:\/\/crownlawgroup.com\/reviews\/">Client Reviews<\/a><\/div><\/div>[\/et_pb_text][\/et_pb_column][\/et_pb_row][\/et_pb_section] {"id":"link_page_settings","title":"","description":"","profile_image":"","name":"","bio":"","instagram_handle":"","twitter_handle":"","faceb
